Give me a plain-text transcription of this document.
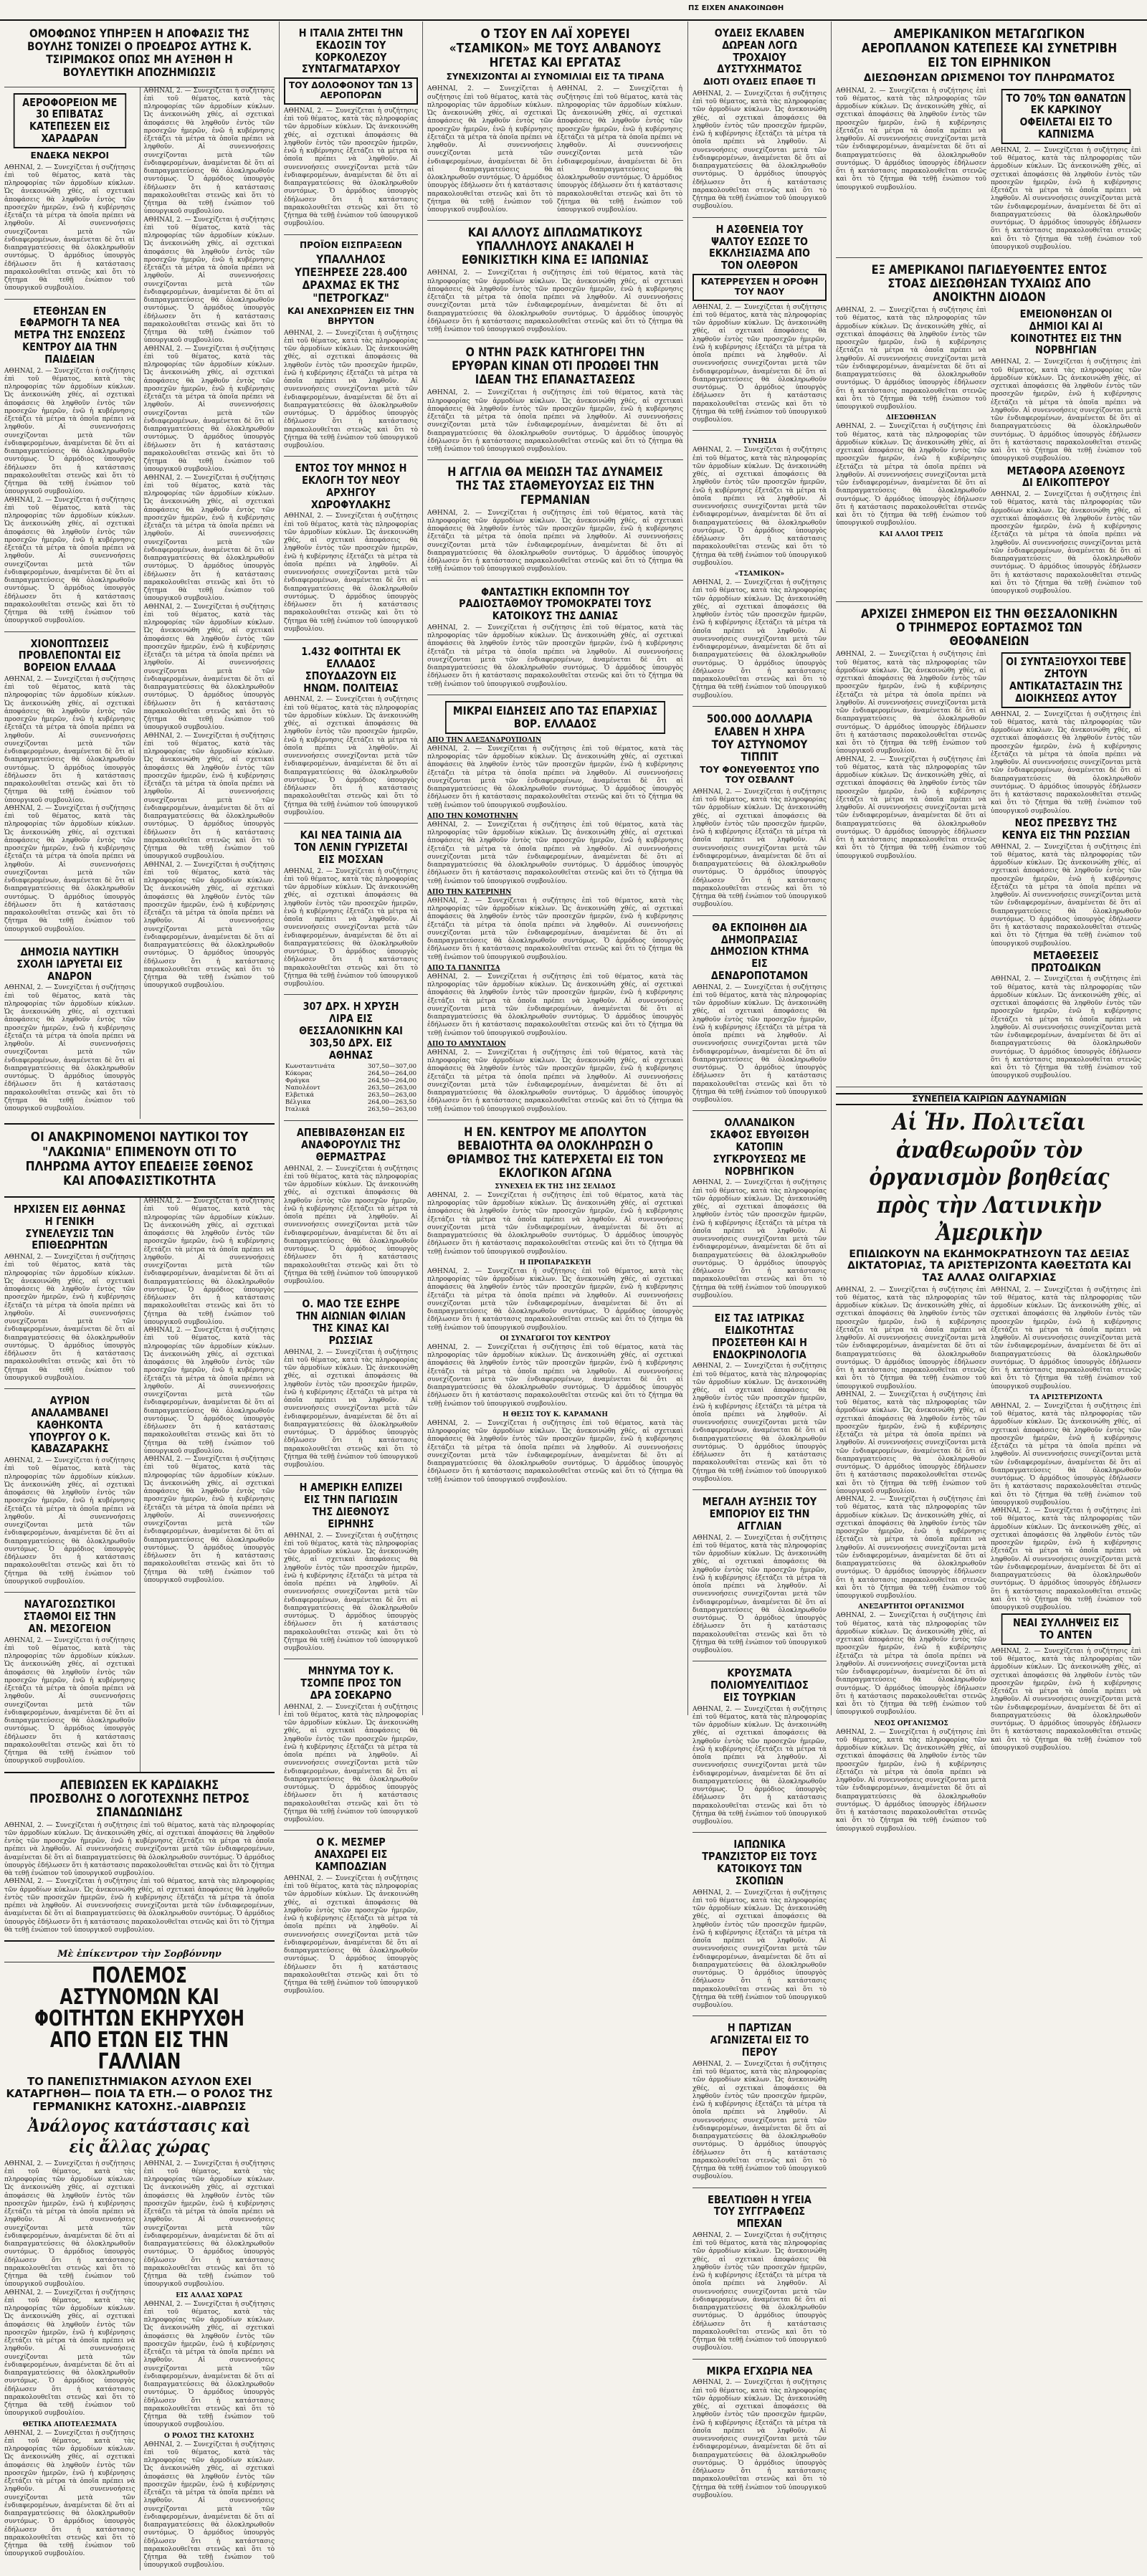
ΠΣ ΕΙΧΕΝ ΑΝΑΚΟΙΝΩΘΗ
ΟΜΟΦΩΝΟΣ ΥΠΗΡΞΕΝ Η ΑΠΟΦΑΣΙΣ ΤΗΣ ΒΟΥΛΗΣ ΤΟΝΙΖΕΙ Ο ΠΡΟΕΔΡΟΣ ΑΥΤΗΣ Κ. ΤΣΙΡΙΜΩΚΟΣ ΟΠΩΣ ΜΗ ΑΥΞΗΘΗ Η ΒΟΥΛΕΥΤΙΚΗ ΑΠΟΖΗΜΙΩΣΙΣ
ΑΕΡΟΦΟΡΕΙΟΝ ΜΕ 30 ΕΠΙΒΑΤΑΣ ΚΑΤΕΠΕΣΕΝ ΕΙΣ ΧΑΡΑΔΡΑΝ
ΕΝΔΕΚΑ ΝΕΚΡΟΙ

ΑΘΗΝΑΙ, 2. — Συνεχίζεται ἡ συζήτησις ἐπὶ τοῦ θέματος, κατὰ τὰς πληροφορίας τῶν ἁρμοδίων κύκλων. Ὡς ἀνεκοινώθη χθές, αἱ σχετικαὶ ἀποφάσεις θὰ ληφθοῦν ἐντὸς τῶν προσεχῶν ἡμερῶν, ἐνῶ ἡ κυβέρνησις ἐξετάζει τὰ μέτρα τὰ ὁποῖα πρέπει νὰ ληφθοῦν. Αἱ συνεννοήσεις συνεχίζονται μετὰ τῶν ἐνδιαφερομένων, ἀναμένεται δὲ ὅτι αἱ διαπραγματεύσεις θὰ ὁλοκληρωθοῦν συντόμως. Ὁ ἁρμόδιος ὑπουργὸς ἐδήλωσεν ὅτι ἡ κατάστασις παρακολουθεῖται στενῶς καὶ ὅτι τὸ ζήτημα θὰ τεθῇ ἐνώπιον τοῦ ὑπουργικοῦ συμβουλίου.

ΕΤΕΘΗΣΑΝ ΕΝ ΕΦΑΡΜΟΓΗ ΤΑ ΝΕΑ ΜΕΤΡΑ ΤΗΣ ΕΝΩΣΕΩΣ ΚΕΝΤΡΟΥ ΔΙΑ ΤΗΝ ΠΑΙΔΕΙΑΝ

ΑΘΗΝΑΙ, 2. — Συνεχίζεται ἡ συζήτησις ἐπὶ τοῦ θέματος, κατὰ τὰς πληροφορίας τῶν ἁρμοδίων κύκλων. Ὡς ἀνεκοινώθη χθές, αἱ σχετικαὶ ἀποφάσεις θὰ ληφθοῦν ἐντὸς τῶν προσεχῶν ἡμερῶν, ἐνῶ ἡ κυβέρνησις ἐξετάζει τὰ μέτρα τὰ ὁποῖα πρέπει νὰ ληφθοῦν. Αἱ συνεννοήσεις συνεχίζονται μετὰ τῶν ἐνδιαφερομένων, ἀναμένεται δὲ ὅτι αἱ διαπραγματεύσεις θὰ ὁλοκληρωθοῦν συντόμως. Ὁ ἁρμόδιος ὑπουργὸς ἐδήλωσεν ὅτι ἡ κατάστασις παρακολουθεῖται στενῶς καὶ ὅτι τὸ ζήτημα θὰ τεθῇ ἐνώπιον τοῦ ὑπουργικοῦ συμβουλίου.

ΑΘΗΝΑΙ, 2. — Συνεχίζεται ἡ συζήτησις ἐπὶ τοῦ θέματος, κατὰ τὰς πληροφορίας τῶν ἁρμοδίων κύκλων. Ὡς ἀνεκοινώθη χθές, αἱ σχετικαὶ ἀποφάσεις θὰ ληφθοῦν ἐντὸς τῶν προσεχῶν ἡμερῶν, ἐνῶ ἡ κυβέρνησις ἐξετάζει τὰ μέτρα τὰ ὁποῖα πρέπει νὰ ληφθοῦν. Αἱ συνεννοήσεις συνεχίζονται μετὰ τῶν ἐνδιαφερομένων, ἀναμένεται δὲ ὅτι αἱ διαπραγματεύσεις θὰ ὁλοκληρωθοῦν συντόμως. Ὁ ἁρμόδιος ὑπουργὸς ἐδήλωσεν ὅτι ἡ κατάστασις παρακολουθεῖται στενῶς καὶ ὅτι τὸ ζήτημα θὰ τεθῇ ἐνώπιον τοῦ ὑπουργικοῦ συμβουλίου.

ΧΙΟΝΟΠΤΩΣΕΙΣ ΠΡΟΒΛΕΠΟΝΤΑΙ ΕΙΣ ΒΟΡΕΙΟΝ ΕΛΛΑΔΑ

ΑΘΗΝΑΙ, 2. — Συνεχίζεται ἡ συζήτησις ἐπὶ τοῦ θέματος, κατὰ τὰς πληροφορίας τῶν ἁρμοδίων κύκλων. Ὡς ἀνεκοινώθη χθές, αἱ σχετικαὶ ἀποφάσεις θὰ ληφθοῦν ἐντὸς τῶν προσεχῶν ἡμερῶν, ἐνῶ ἡ κυβέρνησις ἐξετάζει τὰ μέτρα τὰ ὁποῖα πρέπει νὰ ληφθοῦν. Αἱ συνεννοήσεις συνεχίζονται μετὰ τῶν ἐνδιαφερομένων, ἀναμένεται δὲ ὅτι αἱ διαπραγματεύσεις θὰ ὁλοκληρωθοῦν συντόμως. Ὁ ἁρμόδιος ὑπουργὸς ἐδήλωσεν ὅτι ἡ κατάστασις παρακολουθεῖται στενῶς καὶ ὅτι τὸ ζήτημα θὰ τεθῇ ἐνώπιον τοῦ ὑπουργικοῦ συμβουλίου.

ΑΘΗΝΑΙ, 2. — Συνεχίζεται ἡ συζήτησις ἐπὶ τοῦ θέματος, κατὰ τὰς πληροφορίας τῶν ἁρμοδίων κύκλων. Ὡς ἀνεκοινώθη χθές, αἱ σχετικαὶ ἀποφάσεις θὰ ληφθοῦν ἐντὸς τῶν προσεχῶν ἡμερῶν, ἐνῶ ἡ κυβέρνησις ἐξετάζει τὰ μέτρα τὰ ὁποῖα πρέπει νὰ ληφθοῦν. Αἱ συνεννοήσεις συνεχίζονται μετὰ τῶν ἐνδιαφερομένων, ἀναμένεται δὲ ὅτι αἱ διαπραγματεύσεις θὰ ὁλοκληρωθοῦν συντόμως. Ὁ ἁρμόδιος ὑπουργὸς ἐδήλωσεν ὅτι ἡ κατάστασις παρακολουθεῖται στενῶς καὶ ὅτι τὸ ζήτημα θὰ τεθῇ ἐνώπιον τοῦ ὑπουργικοῦ συμβουλίου.

ΔΗΜΟΣΙΑ ΝΑΥΤΙΚΗ ΣΧΟΛΗ ΙΔΡΥΕΤΑΙ ΕΙΣ ΑΝΔΡΟΝ

ΑΘΗΝΑΙ, 2. — Συνεχίζεται ἡ συζήτησις ἐπὶ τοῦ θέματος, κατὰ τὰς πληροφορίας τῶν ἁρμοδίων κύκλων. Ὡς ἀνεκοινώθη χθές, αἱ σχετικαὶ ἀποφάσεις θὰ ληφθοῦν ἐντὸς τῶν προσεχῶν ἡμερῶν, ἐνῶ ἡ κυβέρνησις ἐξετάζει τὰ μέτρα τὰ ὁποῖα πρέπει νὰ ληφθοῦν. Αἱ συνεννοήσεις συνεχίζονται μετὰ τῶν ἐνδιαφερομένων, ἀναμένεται δὲ ὅτι αἱ διαπραγματεύσεις θὰ ὁλοκληρωθοῦν συντόμως. Ὁ ἁρμόδιος ὑπουργὸς ἐδήλωσεν ὅτι ἡ κατάστασις παρακολουθεῖται στενῶς καὶ ὅτι τὸ ζήτημα θὰ τεθῇ ἐνώπιον τοῦ ὑπουργικοῦ συμβουλίου.

ΑΘΗΝΑΙ, 2. — Συνεχίζεται ἡ συζήτησις ἐπὶ τοῦ θέματος, κατὰ τὰς πληροφορίας τῶν ἁρμοδίων κύκλων. Ὡς ἀνεκοινώθη χθές, αἱ σχετικαὶ ἀποφάσεις θὰ ληφθοῦν ἐντὸς τῶν προσεχῶν ἡμερῶν, ἐνῶ ἡ κυβέρνησις ἐξετάζει τὰ μέτρα τὰ ὁποῖα πρέπει νὰ ληφθοῦν. Αἱ συνεννοήσεις συνεχίζονται μετὰ τῶν ἐνδιαφερομένων, ἀναμένεται δὲ ὅτι αἱ διαπραγματεύσεις θὰ ὁλοκληρωθοῦν συντόμως. Ὁ ἁρμόδιος ὑπουργὸς ἐδήλωσεν ὅτι ἡ κατάστασις παρακολουθεῖται στενῶς καὶ ὅτι τὸ ζήτημα θὰ τεθῇ ἐνώπιον τοῦ ὑπουργικοῦ συμβουλίου.

ΑΘΗΝΑΙ, 2. — Συνεχίζεται ἡ συζήτησις ἐπὶ τοῦ θέματος, κατὰ τὰς πληροφορίας τῶν ἁρμοδίων κύκλων. Ὡς ἀνεκοινώθη χθές, αἱ σχετικαὶ ἀποφάσεις θὰ ληφθοῦν ἐντὸς τῶν προσεχῶν ἡμερῶν, ἐνῶ ἡ κυβέρνησις ἐξετάζει τὰ μέτρα τὰ ὁποῖα πρέπει νὰ ληφθοῦν. Αἱ συνεννοήσεις συνεχίζονται μετὰ τῶν ἐνδιαφερομένων, ἀναμένεται δὲ ὅτι αἱ διαπραγματεύσεις θὰ ὁλοκληρωθοῦν συντόμως. Ὁ ἁρμόδιος ὑπουργὸς ἐδήλωσεν ὅτι ἡ κατάστασις παρακολουθεῖται στενῶς καὶ ὅτι τὸ ζήτημα θὰ τεθῇ ἐνώπιον τοῦ ὑπουργικοῦ συμβουλίου.

ΑΘΗΝΑΙ, 2. — Συνεχίζεται ἡ συζήτησις ἐπὶ τοῦ θέματος, κατὰ τὰς πληροφορίας τῶν ἁρμοδίων κύκλων. Ὡς ἀνεκοινώθη χθές, αἱ σχετικαὶ ἀποφάσεις θὰ ληφθοῦν ἐντὸς τῶν προσεχῶν ἡμερῶν, ἐνῶ ἡ κυβέρνησις ἐξετάζει τὰ μέτρα τὰ ὁποῖα πρέπει νὰ ληφθοῦν. Αἱ συνεννοήσεις συνεχίζονται μετὰ τῶν ἐνδιαφερομένων, ἀναμένεται δὲ ὅτι αἱ διαπραγματεύσεις θὰ ὁλοκληρωθοῦν συντόμως. Ὁ ἁρμόδιος ὑπουργὸς ἐδήλωσεν ὅτι ἡ κατάστασις παρακολουθεῖται στενῶς καὶ ὅτι τὸ ζήτημα θὰ τεθῇ ἐνώπιον τοῦ ὑπουργικοῦ συμβουλίου.

ΑΘΗΝΑΙ, 2. — Συνεχίζεται ἡ συζήτησις ἐπὶ τοῦ θέματος, κατὰ τὰς πληροφορίας τῶν ἁρμοδίων κύκλων. Ὡς ἀνεκοινώθη χθές, αἱ σχετικαὶ ἀποφάσεις θὰ ληφθοῦν ἐντὸς τῶν προσεχῶν ἡμερῶν, ἐνῶ ἡ κυβέρνησις ἐξετάζει τὰ μέτρα τὰ ὁποῖα πρέπει νὰ ληφθοῦν. Αἱ συνεννοήσεις συνεχίζονται μετὰ τῶν ἐνδιαφερομένων, ἀναμένεται δὲ ὅτι αἱ διαπραγματεύσεις θὰ ὁλοκληρωθοῦν συντόμως. Ὁ ἁρμόδιος ὑπουργὸς ἐδήλωσεν ὅτι ἡ κατάστασις παρακολουθεῖται στενῶς καὶ ὅτι τὸ ζήτημα θὰ τεθῇ ἐνώπιον τοῦ ὑπουργικοῦ συμβουλίου.

ΑΘΗΝΑΙ, 2. — Συνεχίζεται ἡ συζήτησις ἐπὶ τοῦ θέματος, κατὰ τὰς πληροφορίας τῶν ἁρμοδίων κύκλων. Ὡς ἀνεκοινώθη χθές, αἱ σχετικαὶ ἀποφάσεις θὰ ληφθοῦν ἐντὸς τῶν προσεχῶν ἡμερῶν, ἐνῶ ἡ κυβέρνησις ἐξετάζει τὰ μέτρα τὰ ὁποῖα πρέπει νὰ ληφθοῦν. Αἱ συνεννοήσεις συνεχίζονται μετὰ τῶν ἐνδιαφερομένων, ἀναμένεται δὲ ὅτι αἱ διαπραγματεύσεις θὰ ὁλοκληρωθοῦν συντόμως. Ὁ ἁρμόδιος ὑπουργὸς ἐδήλωσεν ὅτι ἡ κατάστασις παρακολουθεῖται στενῶς καὶ ὅτι τὸ ζήτημα θὰ τεθῇ ἐνώπιον τοῦ ὑπουργικοῦ συμβουλίου.

ΑΘΗΝΑΙ, 2. — Συνεχίζεται ἡ συζήτησις ἐπὶ τοῦ θέματος, κατὰ τὰς πληροφορίας τῶν ἁρμοδίων κύκλων. Ὡς ἀνεκοινώθη χθές, αἱ σχετικαὶ ἀποφάσεις θὰ ληφθοῦν ἐντὸς τῶν προσεχῶν ἡμερῶν, ἐνῶ ἡ κυβέρνησις ἐξετάζει τὰ μέτρα τὰ ὁποῖα πρέπει νὰ ληφθοῦν. Αἱ συνεννοήσεις συνεχίζονται μετὰ τῶν ἐνδιαφερομένων, ἀναμένεται δὲ ὅτι αἱ διαπραγματεύσεις θὰ ὁλοκληρωθοῦν συντόμως. Ὁ ἁρμόδιος ὑπουργὸς ἐδήλωσεν ὅτι ἡ κατάστασις παρακολουθεῖται στενῶς καὶ ὅτι τὸ ζήτημα θὰ τεθῇ ἐνώπιον τοῦ ὑπουργικοῦ συμβουλίου.

ΑΘΗΝΑΙ, 2. — Συνεχίζεται ἡ συζήτησις ἐπὶ τοῦ θέματος, κατὰ τὰς πληροφορίας τῶν ἁρμοδίων κύκλων. Ὡς ἀνεκοινώθη χθές, αἱ σχετικαὶ ἀποφάσεις θὰ ληφθοῦν ἐντὸς τῶν προσεχῶν ἡμερῶν, ἐνῶ ἡ κυβέρνησις ἐξετάζει τὰ μέτρα τὰ ὁποῖα πρέπει νὰ ληφθοῦν. Αἱ συνεννοήσεις συνεχίζονται μετὰ τῶν ἐνδιαφερομένων, ἀναμένεται δὲ ὅτι αἱ διαπραγματεύσεις θὰ ὁλοκληρωθοῦν συντόμως. Ὁ ἁρμόδιος ὑπουργὸς ἐδήλωσεν ὅτι ἡ κατάστασις παρακολουθεῖται στενῶς καὶ ὅτι τὸ ζήτημα θὰ τεθῇ ἐνώπιον τοῦ ὑπουργικοῦ συμβουλίου.

ΟΙ ΑΝΑΚΡΙΝΟΜΕΝΟΙ ΝΑΥΤΙΚΟΙ ΤΟΥ "ΛΑΚΩΝΙΑ" ΕΠΙΜΕΝΟΥΝ ΟΤΙ ΤΟ ΠΛΗΡΩΜΑ ΑΥΤΟΥ ΕΠΕΔΕΙΞΕ ΣΘΕΝΟΣ ΚΑΙ ΑΠΟΦΑΣΙΣΤΙΚΟΤΗΤΑ
ΗΡΧΙΣΕΝ ΕΙΣ ΑΘΗΝΑΣ Η ΓΕΝΙΚΗ ΣΥΝΕΛΕΥΣΙΣ ΤΩΝ ΕΠΙΘΕΩΡΗΤΩΝ

ΑΘΗΝΑΙ, 2. — Συνεχίζεται ἡ συζήτησις ἐπὶ τοῦ θέματος, κατὰ τὰς πληροφορίας τῶν ἁρμοδίων κύκλων. Ὡς ἀνεκοινώθη χθές, αἱ σχετικαὶ ἀποφάσεις θὰ ληφθοῦν ἐντὸς τῶν προσεχῶν ἡμερῶν, ἐνῶ ἡ κυβέρνησις ἐξετάζει τὰ μέτρα τὰ ὁποῖα πρέπει νὰ ληφθοῦν. Αἱ συνεννοήσεις συνεχίζονται μετὰ τῶν ἐνδιαφερομένων, ἀναμένεται δὲ ὅτι αἱ διαπραγματεύσεις θὰ ὁλοκληρωθοῦν συντόμως. Ὁ ἁρμόδιος ὑπουργὸς ἐδήλωσεν ὅτι ἡ κατάστασις παρακολουθεῖται στενῶς καὶ ὅτι τὸ ζήτημα θὰ τεθῇ ἐνώπιον τοῦ ὑπουργικοῦ συμβουλίου.

ΑΥΡΙΟΝ ΑΝΑΛΑΜΒΑΝΕΙ ΚΑΘΗΚΟΝΤΑ ΥΠΟΥΡΓΟΥ Ο Κ. ΚΑΒΑΖΑΡΑΚΗΣ

ΑΘΗΝΑΙ, 2. — Συνεχίζεται ἡ συζήτησις ἐπὶ τοῦ θέματος, κατὰ τὰς πληροφορίας τῶν ἁρμοδίων κύκλων. Ὡς ἀνεκοινώθη χθές, αἱ σχετικαὶ ἀποφάσεις θὰ ληφθοῦν ἐντὸς τῶν προσεχῶν ἡμερῶν, ἐνῶ ἡ κυβέρνησις ἐξετάζει τὰ μέτρα τὰ ὁποῖα πρέπει νὰ ληφθοῦν. Αἱ συνεννοήσεις συνεχίζονται μετὰ τῶν ἐνδιαφερομένων, ἀναμένεται δὲ ὅτι αἱ διαπραγματεύσεις θὰ ὁλοκληρωθοῦν συντόμως. Ὁ ἁρμόδιος ὑπουργὸς ἐδήλωσεν ὅτι ἡ κατάστασις παρακολουθεῖται στενῶς καὶ ὅτι τὸ ζήτημα θὰ τεθῇ ἐνώπιον τοῦ ὑπουργικοῦ συμβουλίου.

ΝΑΥΑΓΟΣΩΣΤΙΚΟΙ ΣΤΑΘΜΟΙ ΕΙΣ ΤΗΝ ΑΝ. ΜΕΣΟΓΕΙΟΝ

ΑΘΗΝΑΙ, 2. — Συνεχίζεται ἡ συζήτησις ἐπὶ τοῦ θέματος, κατὰ τὰς πληροφορίας τῶν ἁρμοδίων κύκλων. Ὡς ἀνεκοινώθη χθές, αἱ σχετικαὶ ἀποφάσεις θὰ ληφθοῦν ἐντὸς τῶν προσεχῶν ἡμερῶν, ἐνῶ ἡ κυβέρνησις ἐξετάζει τὰ μέτρα τὰ ὁποῖα πρέπει νὰ ληφθοῦν. Αἱ συνεννοήσεις συνεχίζονται μετὰ τῶν ἐνδιαφερομένων, ἀναμένεται δὲ ὅτι αἱ διαπραγματεύσεις θὰ ὁλοκληρωθοῦν συντόμως. Ὁ ἁρμόδιος ὑπουργὸς ἐδήλωσεν ὅτι ἡ κατάστασις παρακολουθεῖται στενῶς καὶ ὅτι τὸ ζήτημα θὰ τεθῇ ἐνώπιον τοῦ ὑπουργικοῦ συμβουλίου.

ΑΘΗΝΑΙ, 2. — Συνεχίζεται ἡ συζήτησις ἐπὶ τοῦ θέματος, κατὰ τὰς πληροφορίας τῶν ἁρμοδίων κύκλων. Ὡς ἀνεκοινώθη χθές, αἱ σχετικαὶ ἀποφάσεις θὰ ληφθοῦν ἐντὸς τῶν προσεχῶν ἡμερῶν, ἐνῶ ἡ κυβέρνησις ἐξετάζει τὰ μέτρα τὰ ὁποῖα πρέπει νὰ ληφθοῦν. Αἱ συνεννοήσεις συνεχίζονται μετὰ τῶν ἐνδιαφερομένων, ἀναμένεται δὲ ὅτι αἱ διαπραγματεύσεις θὰ ὁλοκληρωθοῦν συντόμως. Ὁ ἁρμόδιος ὑπουργὸς ἐδήλωσεν ὅτι ἡ κατάστασις παρακολουθεῖται στενῶς καὶ ὅτι τὸ ζήτημα θὰ τεθῇ ἐνώπιον τοῦ ὑπουργικοῦ συμβουλίου.

ΑΘΗΝΑΙ, 2. — Συνεχίζεται ἡ συζήτησις ἐπὶ τοῦ θέματος, κατὰ τὰς πληροφορίας τῶν ἁρμοδίων κύκλων. Ὡς ἀνεκοινώθη χθές, αἱ σχετικαὶ ἀποφάσεις θὰ ληφθοῦν ἐντὸς τῶν προσεχῶν ἡμερῶν, ἐνῶ ἡ κυβέρνησις ἐξετάζει τὰ μέτρα τὰ ὁποῖα πρέπει νὰ ληφθοῦν. Αἱ συνεννοήσεις συνεχίζονται μετὰ τῶν ἐνδιαφερομένων, ἀναμένεται δὲ ὅτι αἱ διαπραγματεύσεις θὰ ὁλοκληρωθοῦν συντόμως. Ὁ ἁρμόδιος ὑπουργὸς ἐδήλωσεν ὅτι ἡ κατάστασις παρακολουθεῖται στενῶς καὶ ὅτι τὸ ζήτημα θὰ τεθῇ ἐνώπιον τοῦ ὑπουργικοῦ συμβουλίου.

ΑΘΗΝΑΙ, 2. — Συνεχίζεται ἡ συζήτησις ἐπὶ τοῦ θέματος, κατὰ τὰς πληροφορίας τῶν ἁρμοδίων κύκλων. Ὡς ἀνεκοινώθη χθές, αἱ σχετικαὶ ἀποφάσεις θὰ ληφθοῦν ἐντὸς τῶν προσεχῶν ἡμερῶν, ἐνῶ ἡ κυβέρνησις ἐξετάζει τὰ μέτρα τὰ ὁποῖα πρέπει νὰ ληφθοῦν. Αἱ συνεννοήσεις συνεχίζονται μετὰ τῶν ἐνδιαφερομένων, ἀναμένεται δὲ ὅτι αἱ διαπραγματεύσεις θὰ ὁλοκληρωθοῦν συντόμως. Ὁ ἁρμόδιος ὑπουργὸς ἐδήλωσεν ὅτι ἡ κατάστασις παρακολουθεῖται στενῶς καὶ ὅτι τὸ ζήτημα θὰ τεθῇ ἐνώπιον τοῦ ὑπουργικοῦ συμβουλίου.

ΑΠΕΒΙΩΣΕΝ ΕΚ ΚΑΡΔΙΑΚΗΣ ΠΡΟΣΒΟΛΗΣ Ο ΛΟΓΟΤΕΧΝΗΣ ΠΕΤΡΟΣ ΣΠΑΝΔΩΝΙΔΗΣ

ΑΘΗΝΑΙ, 2. — Συνεχίζεται ἡ συζήτησις ἐπὶ τοῦ θέματος, κατὰ τὰς πληροφορίας τῶν ἁρμοδίων κύκλων. Ὡς ἀνεκοινώθη χθές, αἱ σχετικαὶ ἀποφάσεις θὰ ληφθοῦν ἐντὸς τῶν προσεχῶν ἡμερῶν, ἐνῶ ἡ κυβέρνησις ἐξετάζει τὰ μέτρα τὰ ὁποῖα πρέπει νὰ ληφθοῦν. Αἱ συνεννοήσεις συνεχίζονται μετὰ τῶν ἐνδιαφερομένων, ἀναμένεται δὲ ὅτι αἱ διαπραγματεύσεις θὰ ὁλοκληρωθοῦν συντόμως. Ὁ ἁρμόδιος ὑπουργὸς ἐδήλωσεν ὅτι ἡ κατάστασις παρακολουθεῖται στενῶς καὶ ὅτι τὸ ζήτημα θὰ τεθῇ ἐνώπιον τοῦ ὑπουργικοῦ συμβουλίου.

ΑΘΗΝΑΙ, 2. — Συνεχίζεται ἡ συζήτησις ἐπὶ τοῦ θέματος, κατὰ τὰς πληροφορίας τῶν ἁρμοδίων κύκλων. Ὡς ἀνεκοινώθη χθές, αἱ σχετικαὶ ἀποφάσεις θὰ ληφθοῦν ἐντὸς τῶν προσεχῶν ἡμερῶν, ἐνῶ ἡ κυβέρνησις ἐξετάζει τὰ μέτρα τὰ ὁποῖα πρέπει νὰ ληφθοῦν. Αἱ συνεννοήσεις συνεχίζονται μετὰ τῶν ἐνδιαφερομένων, ἀναμένεται δὲ ὅτι αἱ διαπραγματεύσεις θὰ ὁλοκληρωθοῦν συντόμως. Ὁ ἁρμόδιος ὑπουργὸς ἐδήλωσεν ὅτι ἡ κατάστασις παρακολουθεῖται στενῶς καὶ ὅτι τὸ ζήτημα θὰ τεθῇ ἐνώπιον τοῦ ὑπουργικοῦ συμβουλίου.

Μὲ ἐπίκεντρον τὴν Σορβόννην
ΠΟΛΕΜΟΣ ΑΣΤΥΝΟΜΩΝ ΚΑΙ ΦΟΙΤΗΤΩΝ ΕΚΗΡΥΧΘΗ ΑΠΟ ΕΤΩΝ ΕΙΣ ΤΗΝ ΓΑΛΛΙΑΝ
ΤΟ ΠΑΝΕΠΙΣΤΗΜΙΑΚΟΝ ΑΣΥΛΟΝ ΕΧΕΙ ΚΑΤΑΡΓΗΘΗ— ΠΟΙΑ ΤΑ ΕΤΗ.— Ο ΡΟΛΟΣ ΤΗΣ ΓΕΡΜΑΝΙΚΗΣ ΚΑΤΟΧΗΣ.-ΔΙΑΒΡΩΣΙΣ
Ἀνάλογος κατάστασις καὶ εἰς ἄλλας χώρας

ΑΘΗΝΑΙ, 2. — Συνεχίζεται ἡ συζήτησις ἐπὶ τοῦ θέματος, κατὰ τὰς πληροφορίας τῶν ἁρμοδίων κύκλων. Ὡς ἀνεκοινώθη χθές, αἱ σχετικαὶ ἀποφάσεις θὰ ληφθοῦν ἐντὸς τῶν προσεχῶν ἡμερῶν, ἐνῶ ἡ κυβέρνησις ἐξετάζει τὰ μέτρα τὰ ὁποῖα πρέπει νὰ ληφθοῦν. Αἱ συνεννοήσεις συνεχίζονται μετὰ τῶν ἐνδιαφερομένων, ἀναμένεται δὲ ὅτι αἱ διαπραγματεύσεις θὰ ὁλοκληρωθοῦν συντόμως. Ὁ ἁρμόδιος ὑπουργὸς ἐδήλωσεν ὅτι ἡ κατάστασις παρακολουθεῖται στενῶς καὶ ὅτι τὸ ζήτημα θὰ τεθῇ ἐνώπιον τοῦ ὑπουργικοῦ συμβουλίου.

ΑΘΗΝΑΙ, 2. — Συνεχίζεται ἡ συζήτησις ἐπὶ τοῦ θέματος, κατὰ τὰς πληροφορίας τῶν ἁρμοδίων κύκλων. Ὡς ἀνεκοινώθη χθές, αἱ σχετικαὶ ἀποφάσεις θὰ ληφθοῦν ἐντὸς τῶν προσεχῶν ἡμερῶν, ἐνῶ ἡ κυβέρνησις ἐξετάζει τὰ μέτρα τὰ ὁποῖα πρέπει νὰ ληφθοῦν. Αἱ συνεννοήσεις συνεχίζονται μετὰ τῶν ἐνδιαφερομένων, ἀναμένεται δὲ ὅτι αἱ διαπραγματεύσεις θὰ ὁλοκληρωθοῦν συντόμως. Ὁ ἁρμόδιος ὑπουργὸς ἐδήλωσεν ὅτι ἡ κατάστασις παρακολουθεῖται στενῶς καὶ ὅτι τὸ ζήτημα θὰ τεθῇ ἐνώπιον τοῦ ὑπουργικοῦ συμβουλίου.

ΘΕΤΙΚΑ ΑΠΟΤΕΛΕΣΜΑΤΑ

ΑΘΗΝΑΙ, 2. — Συνεχίζεται ἡ συζήτησις ἐπὶ τοῦ θέματος, κατὰ τὰς πληροφορίας τῶν ἁρμοδίων κύκλων. Ὡς ἀνεκοινώθη χθές, αἱ σχετικαὶ ἀποφάσεις θὰ ληφθοῦν ἐντὸς τῶν προσεχῶν ἡμερῶν, ἐνῶ ἡ κυβέρνησις ἐξετάζει τὰ μέτρα τὰ ὁποῖα πρέπει νὰ ληφθοῦν. Αἱ συνεννοήσεις συνεχίζονται μετὰ τῶν ἐνδιαφερομένων, ἀναμένεται δὲ ὅτι αἱ διαπραγματεύσεις θὰ ὁλοκληρωθοῦν συντόμως. Ὁ ἁρμόδιος ὑπουργὸς ἐδήλωσεν ὅτι ἡ κατάστασις παρακολουθεῖται στενῶς καὶ ὅτι τὸ ζήτημα θὰ τεθῇ ἐνώπιον τοῦ ὑπουργικοῦ συμβουλίου.

ΑΘΗΝΑΙ, 2. — Συνεχίζεται ἡ συζήτησις ἐπὶ τοῦ θέματος, κατὰ τὰς πληροφορίας τῶν ἁρμοδίων κύκλων. Ὡς ἀνεκοινώθη χθές, αἱ σχετικαὶ ἀποφάσεις θὰ ληφθοῦν ἐντὸς τῶν προσεχῶν ἡμερῶν, ἐνῶ ἡ κυβέρνησις ἐξετάζει τὰ μέτρα τὰ ὁποῖα πρέπει νὰ ληφθοῦν. Αἱ συνεννοήσεις συνεχίζονται μετὰ τῶν ἐνδιαφερομένων, ἀναμένεται δὲ ὅτι αἱ διαπραγματεύσεις θὰ ὁλοκληρωθοῦν συντόμως. Ὁ ἁρμόδιος ὑπουργὸς ἐδήλωσεν ὅτι ἡ κατάστασις παρακολουθεῖται στενῶς καὶ ὅτι τὸ ζήτημα θὰ τεθῇ ἐνώπιον τοῦ ὑπουργικοῦ συμβουλίου.

ΕΙΣ ΑΛΛΑΣ ΧΩΡΑΣ

ΑΘΗΝΑΙ, 2. — Συνεχίζεται ἡ συζήτησις ἐπὶ τοῦ θέματος, κατὰ τὰς πληροφορίας τῶν ἁρμοδίων κύκλων. Ὡς ἀνεκοινώθη χθές, αἱ σχετικαὶ ἀποφάσεις θὰ ληφθοῦν ἐντὸς τῶν προσεχῶν ἡμερῶν, ἐνῶ ἡ κυβέρνησις ἐξετάζει τὰ μέτρα τὰ ὁποῖα πρέπει νὰ ληφθοῦν. Αἱ συνεννοήσεις συνεχίζονται μετὰ τῶν ἐνδιαφερομένων, ἀναμένεται δὲ ὅτι αἱ διαπραγματεύσεις θὰ ὁλοκληρωθοῦν συντόμως. Ὁ ἁρμόδιος ὑπουργὸς ἐδήλωσεν ὅτι ἡ κατάστασις παρακολουθεῖται στενῶς καὶ ὅτι τὸ ζήτημα θὰ τεθῇ ἐνώπιον τοῦ ὑπουργικοῦ συμβουλίου.

Ο ΡΟΛΟΣ ΤΗΣ ΚΑΤΟΧΗΣ

ΑΘΗΝΑΙ, 2. — Συνεχίζεται ἡ συζήτησις ἐπὶ τοῦ θέματος, κατὰ τὰς πληροφορίας τῶν ἁρμοδίων κύκλων. Ὡς ἀνεκοινώθη χθές, αἱ σχετικαὶ ἀποφάσεις θὰ ληφθοῦν ἐντὸς τῶν προσεχῶν ἡμερῶν, ἐνῶ ἡ κυβέρνησις ἐξετάζει τὰ μέτρα τὰ ὁποῖα πρέπει νὰ ληφθοῦν. Αἱ συνεννοήσεις συνεχίζονται μετὰ τῶν ἐνδιαφερομένων, ἀναμένεται δὲ ὅτι αἱ διαπραγματεύσεις θὰ ὁλοκληρωθοῦν συντόμως. Ὁ ἁρμόδιος ὑπουργὸς ἐδήλωσεν ὅτι ἡ κατάστασις παρακολουθεῖται στενῶς καὶ ὅτι τὸ ζήτημα θὰ τεθῇ ἐνώπιον τοῦ ὑπουργικοῦ συμβουλίου.

Η ΙΤΑΛΙΑ ΖΗΤΕΙ ΤΗΝ ΕΚΔΟΣΙΝ ΤΟΥ ΚΟΡΚΟΛΕΖΟΥ ΣΥΝΤΑΓΜΑΤΑΡΧΟΥ
ΤΟΥ ΔΟΛΟΦΟΝΟΥ ΤΩΝ 13 ΑΕΡΟΠΟΡΩΝ

ΑΘΗΝΑΙ, 2. — Συνεχίζεται ἡ συζήτησις ἐπὶ τοῦ θέματος, κατὰ τὰς πληροφορίας τῶν ἁρμοδίων κύκλων. Ὡς ἀνεκοινώθη χθές, αἱ σχετικαὶ ἀποφάσεις θὰ ληφθοῦν ἐντὸς τῶν προσεχῶν ἡμερῶν, ἐνῶ ἡ κυβέρνησις ἐξετάζει τὰ μέτρα τὰ ὁποῖα πρέπει νὰ ληφθοῦν. Αἱ συνεννοήσεις συνεχίζονται μετὰ τῶν ἐνδιαφερομένων, ἀναμένεται δὲ ὅτι αἱ διαπραγματεύσεις θὰ ὁλοκληρωθοῦν συντόμως. Ὁ ἁρμόδιος ὑπουργὸς ἐδήλωσεν ὅτι ἡ κατάστασις παρακολουθεῖται στενῶς καὶ ὅτι τὸ ζήτημα θὰ τεθῇ ἐνώπιον τοῦ ὑπουργικοῦ συμβουλίου.

ΠΡΟΪΟΝ ΕΙΣΠΡΑΞΕΩΝ
ΥΠΑΛΛΗΛΟΣ ΥΠΕΞΗΡΕΣΕ 228.400 ΔΡΑΧΜΑΣ ΕΚ ΤΗΣ "ΠΕΤΡΟΓΚΑΖ"
ΚΑΙ ΑΝΕΧΩΡΗΣΕΝ ΕΙΣ ΤΗΝ ΒΗΡΥΤΟΝ

ΑΘΗΝΑΙ, 2. — Συνεχίζεται ἡ συζήτησις ἐπὶ τοῦ θέματος, κατὰ τὰς πληροφορίας τῶν ἁρμοδίων κύκλων. Ὡς ἀνεκοινώθη χθές, αἱ σχετικαὶ ἀποφάσεις θὰ ληφθοῦν ἐντὸς τῶν προσεχῶν ἡμερῶν, ἐνῶ ἡ κυβέρνησις ἐξετάζει τὰ μέτρα τὰ ὁποῖα πρέπει νὰ ληφθοῦν. Αἱ συνεννοήσεις συνεχίζονται μετὰ τῶν ἐνδιαφερομένων, ἀναμένεται δὲ ὅτι αἱ διαπραγματεύσεις θὰ ὁλοκληρωθοῦν συντόμως. Ὁ ἁρμόδιος ὑπουργὸς ἐδήλωσεν ὅτι ἡ κατάστασις παρακολουθεῖται στενῶς καὶ ὅτι τὸ ζήτημα θὰ τεθῇ ἐνώπιον τοῦ ὑπουργικοῦ συμβουλίου.

ΕΝΤΟΣ ΤΟΥ ΜΗΝΟΣ Η ΕΚΛΟΓΗ ΤΟΥ ΝΕΟΥ ΑΡΧΗΓΟΥ ΧΩΡΟΦΥΛΑΚΗΣ

ΑΘΗΝΑΙ, 2. — Συνεχίζεται ἡ συζήτησις ἐπὶ τοῦ θέματος, κατὰ τὰς πληροφορίας τῶν ἁρμοδίων κύκλων. Ὡς ἀνεκοινώθη χθές, αἱ σχετικαὶ ἀποφάσεις θὰ ληφθοῦν ἐντὸς τῶν προσεχῶν ἡμερῶν, ἐνῶ ἡ κυβέρνησις ἐξετάζει τὰ μέτρα τὰ ὁποῖα πρέπει νὰ ληφθοῦν. Αἱ συνεννοήσεις συνεχίζονται μετὰ τῶν ἐνδιαφερομένων, ἀναμένεται δὲ ὅτι αἱ διαπραγματεύσεις θὰ ὁλοκληρωθοῦν συντόμως. Ὁ ἁρμόδιος ὑπουργὸς ἐδήλωσεν ὅτι ἡ κατάστασις παρακολουθεῖται στενῶς καὶ ὅτι τὸ ζήτημα θὰ τεθῇ ἐνώπιον τοῦ ὑπουργικοῦ συμβουλίου.

1.432 ΦΟΙΤΗΤΑΙ ΕΚ ΕΛΛΑΔΟΣ ΣΠΟΥΔΑΖΟΥΝ ΕΙΣ ΗΝΩΜ. ΠΟΛΙΤΕΙΑΣ

ΑΘΗΝΑΙ, 2. — Συνεχίζεται ἡ συζήτησις ἐπὶ τοῦ θέματος, κατὰ τὰς πληροφορίας τῶν ἁρμοδίων κύκλων. Ὡς ἀνεκοινώθη χθές, αἱ σχετικαὶ ἀποφάσεις θὰ ληφθοῦν ἐντὸς τῶν προσεχῶν ἡμερῶν, ἐνῶ ἡ κυβέρνησις ἐξετάζει τὰ μέτρα τὰ ὁποῖα πρέπει νὰ ληφθοῦν. Αἱ συνεννοήσεις συνεχίζονται μετὰ τῶν ἐνδιαφερομένων, ἀναμένεται δὲ ὅτι αἱ διαπραγματεύσεις θὰ ὁλοκληρωθοῦν συντόμως. Ὁ ἁρμόδιος ὑπουργὸς ἐδήλωσεν ὅτι ἡ κατάστασις παρακολουθεῖται στενῶς καὶ ὅτι τὸ ζήτημα θὰ τεθῇ ἐνώπιον τοῦ ὑπουργικοῦ συμβουλίου.

ΚΑΙ ΝΕΑ ΤΑΙΝΙΑ ΔΙΑ ΤΟΝ ΛΕΝΙΝ ΓΥΡΙΖΕΤΑΙ ΕΙΣ ΜΟΣΧΑΝ

ΑΘΗΝΑΙ, 2. — Συνεχίζεται ἡ συζήτησις ἐπὶ τοῦ θέματος, κατὰ τὰς πληροφορίας τῶν ἁρμοδίων κύκλων. Ὡς ἀνεκοινώθη χθές, αἱ σχετικαὶ ἀποφάσεις θὰ ληφθοῦν ἐντὸς τῶν προσεχῶν ἡμερῶν, ἐνῶ ἡ κυβέρνησις ἐξετάζει τὰ μέτρα τὰ ὁποῖα πρέπει νὰ ληφθοῦν. Αἱ συνεννοήσεις συνεχίζονται μετὰ τῶν ἐνδιαφερομένων, ἀναμένεται δὲ ὅτι αἱ διαπραγματεύσεις θὰ ὁλοκληρωθοῦν συντόμως. Ὁ ἁρμόδιος ὑπουργὸς ἐδήλωσεν ὅτι ἡ κατάστασις παρακολουθεῖται στενῶς καὶ ὅτι τὸ ζήτημα θὰ τεθῇ ἐνώπιον τοῦ ὑπουργικοῦ συμβουλίου.

307 ΔΡΧ. Η ΧΡΥΣΗ ΛΙΡΑ ΕΙΣ ΘΕΣΣΑΛΟΝΙΚΗΝ ΚΑΙ 303,50 ΔΡΧ. ΕΙΣ ΑΘΗΝΑΣ
Κωνσταντινάτα	307,50—307,00
Κόκορας	264,50—264,00
Φράγκα	264,50—264,00
Ναπολέοντ	263,50—263,00
Ελβετικά	263,50—263,00
Βέλγικα	264,00—263,50
Ιταλικά	263,50—263,00
ΑΠΕΒΙΒΑΣΘΗΣΑΝ ΕΙΣ ΑΝΑΦΟΡΟΥΛΙΣ ΤΗΣ ΘΕΡΜΑΣΤΡΑΣ

ΑΘΗΝΑΙ, 2. — Συνεχίζεται ἡ συζήτησις ἐπὶ τοῦ θέματος, κατὰ τὰς πληροφορίας τῶν ἁρμοδίων κύκλων. Ὡς ἀνεκοινώθη χθές, αἱ σχετικαὶ ἀποφάσεις θὰ ληφθοῦν ἐντὸς τῶν προσεχῶν ἡμερῶν, ἐνῶ ἡ κυβέρνησις ἐξετάζει τὰ μέτρα τὰ ὁποῖα πρέπει νὰ ληφθοῦν. Αἱ συνεννοήσεις συνεχίζονται μετὰ τῶν ἐνδιαφερομένων, ἀναμένεται δὲ ὅτι αἱ διαπραγματεύσεις θὰ ὁλοκληρωθοῦν συντόμως. Ὁ ἁρμόδιος ὑπουργὸς ἐδήλωσεν ὅτι ἡ κατάστασις παρακολουθεῖται στενῶς καὶ ὅτι τὸ ζήτημα θὰ τεθῇ ἐνώπιον τοῦ ὑπουργικοῦ συμβουλίου.

Ο. ΜΑΟ ΤΣΕ ΕΣΗΡΕ ΤΗΝ ΑΙΩΝΙΑΝ ΦΙΛΙΑΝ ΤΗΣ ΚΙΝΑΣ ΚΑΙ ΡΩΣΣΙΑΣ

ΑΘΗΝΑΙ, 2. — Συνεχίζεται ἡ συζήτησις ἐπὶ τοῦ θέματος, κατὰ τὰς πληροφορίας τῶν ἁρμοδίων κύκλων. Ὡς ἀνεκοινώθη χθές, αἱ σχετικαὶ ἀποφάσεις θὰ ληφθοῦν ἐντὸς τῶν προσεχῶν ἡμερῶν, ἐνῶ ἡ κυβέρνησις ἐξετάζει τὰ μέτρα τὰ ὁποῖα πρέπει νὰ ληφθοῦν. Αἱ συνεννοήσεις συνεχίζονται μετὰ τῶν ἐνδιαφερομένων, ἀναμένεται δὲ ὅτι αἱ διαπραγματεύσεις θὰ ὁλοκληρωθοῦν συντόμως. Ὁ ἁρμόδιος ὑπουργὸς ἐδήλωσεν ὅτι ἡ κατάστασις παρακολουθεῖται στενῶς καὶ ὅτι τὸ ζήτημα θὰ τεθῇ ἐνώπιον τοῦ ὑπουργικοῦ συμβουλίου.

Η ΑΜΕΡΙΚΗ ΕΛΠΙΖΕΙ ΕΙΣ ΤΗΝ ΠΑΓΙΩΣΙΝ ΤΗΣ ΔΙΕΘΝΟΥΣ ΕΙΡΗΝΗΣ

ΑΘΗΝΑΙ, 2. — Συνεχίζεται ἡ συζήτησις ἐπὶ τοῦ θέματος, κατὰ τὰς πληροφορίας τῶν ἁρμοδίων κύκλων. Ὡς ἀνεκοινώθη χθές, αἱ σχετικαὶ ἀποφάσεις θὰ ληφθοῦν ἐντὸς τῶν προσεχῶν ἡμερῶν, ἐνῶ ἡ κυβέρνησις ἐξετάζει τὰ μέτρα τὰ ὁποῖα πρέπει νὰ ληφθοῦν. Αἱ συνεννοήσεις συνεχίζονται μετὰ τῶν ἐνδιαφερομένων, ἀναμένεται δὲ ὅτι αἱ διαπραγματεύσεις θὰ ὁλοκληρωθοῦν συντόμως. Ὁ ἁρμόδιος ὑπουργὸς ἐδήλωσεν ὅτι ἡ κατάστασις παρακολουθεῖται στενῶς καὶ ὅτι τὸ ζήτημα θὰ τεθῇ ἐνώπιον τοῦ ὑπουργικοῦ συμβουλίου.

ΜΗΝΥΜΑ ΤΟΥ Κ. ΤΣΟΜΠΕ ΠΡΟΣ ΤΟΝ ΔΡΑ ΣΟΕΚΑΡΝΟ

ΑΘΗΝΑΙ, 2. — Συνεχίζεται ἡ συζήτησις ἐπὶ τοῦ θέματος, κατὰ τὰς πληροφορίας τῶν ἁρμοδίων κύκλων. Ὡς ἀνεκοινώθη χθές, αἱ σχετικαὶ ἀποφάσεις θὰ ληφθοῦν ἐντὸς τῶν προσεχῶν ἡμερῶν, ἐνῶ ἡ κυβέρνησις ἐξετάζει τὰ μέτρα τὰ ὁποῖα πρέπει νὰ ληφθοῦν. Αἱ συνεννοήσεις συνεχίζονται μετὰ τῶν ἐνδιαφερομένων, ἀναμένεται δὲ ὅτι αἱ διαπραγματεύσεις θὰ ὁλοκληρωθοῦν συντόμως. Ὁ ἁρμόδιος ὑπουργὸς ἐδήλωσεν ὅτι ἡ κατάστασις παρακολουθεῖται στενῶς καὶ ὅτι τὸ ζήτημα θὰ τεθῇ ἐνώπιον τοῦ ὑπουργικοῦ συμβουλίου.

Ο Κ. ΜΕΣΜΕΡ ΑΝΑΧΩΡΕΙ ΕΙΣ ΚΑΜΠΟΔΖΙΑΝ

ΑΘΗΝΑΙ, 2. — Συνεχίζεται ἡ συζήτησις ἐπὶ τοῦ θέματος, κατὰ τὰς πληροφορίας τῶν ἁρμοδίων κύκλων. Ὡς ἀνεκοινώθη χθές, αἱ σχετικαὶ ἀποφάσεις θὰ ληφθοῦν ἐντὸς τῶν προσεχῶν ἡμερῶν, ἐνῶ ἡ κυβέρνησις ἐξετάζει τὰ μέτρα τὰ ὁποῖα πρέπει νὰ ληφθοῦν. Αἱ συνεννοήσεις συνεχίζονται μετὰ τῶν ἐνδιαφερομένων, ἀναμένεται δὲ ὅτι αἱ διαπραγματεύσεις θὰ ὁλοκληρωθοῦν συντόμως. Ὁ ἁρμόδιος ὑπουργὸς ἐδήλωσεν ὅτι ἡ κατάστασις παρακολουθεῖται στενῶς καὶ ὅτι τὸ ζήτημα θὰ τεθῇ ἐνώπιον τοῦ ὑπουργικοῦ συμβουλίου.

Ο ΤΣΟΥ ΕΝ ΛΑΪ ΧΟΡΕΥΕΙ «ΤΣΑΜΙΚΟΝ» ΜΕ ΤΟΥΣ ΑΛΒΑΝΟΥΣ ΗΓΕΤΑΣ ΚΑΙ ΕΡΓΑΤΑΣ
ΣΥΝΕΧΙΖΟΝΤΑΙ ΑΙ ΣΥΝΟΜΙΛΙΑΙ ΕΙΣ ΤΑ ΤΙΡΑΝΑ

ΑΘΗΝΑΙ, 2. — Συνεχίζεται ἡ συζήτησις ἐπὶ τοῦ θέματος, κατὰ τὰς πληροφορίας τῶν ἁρμοδίων κύκλων. Ὡς ἀνεκοινώθη χθές, αἱ σχετικαὶ ἀποφάσεις θὰ ληφθοῦν ἐντὸς τῶν προσεχῶν ἡμερῶν, ἐνῶ ἡ κυβέρνησις ἐξετάζει τὰ μέτρα τὰ ὁποῖα πρέπει νὰ ληφθοῦν. Αἱ συνεννοήσεις συνεχίζονται μετὰ τῶν ἐνδιαφερομένων, ἀναμένεται δὲ ὅτι αἱ διαπραγματεύσεις θὰ ὁλοκληρωθοῦν συντόμως. Ὁ ἁρμόδιος ὑπουργὸς ἐδήλωσεν ὅτι ἡ κατάστασις παρακολουθεῖται στενῶς καὶ ὅτι τὸ ζήτημα θὰ τεθῇ ἐνώπιον τοῦ ὑπουργικοῦ συμβουλίου.

ΑΘΗΝΑΙ, 2. — Συνεχίζεται ἡ συζήτησις ἐπὶ τοῦ θέματος, κατὰ τὰς πληροφορίας τῶν ἁρμοδίων κύκλων. Ὡς ἀνεκοινώθη χθές, αἱ σχετικαὶ ἀποφάσεις θὰ ληφθοῦν ἐντὸς τῶν προσεχῶν ἡμερῶν, ἐνῶ ἡ κυβέρνησις ἐξετάζει τὰ μέτρα τὰ ὁποῖα πρέπει νὰ ληφθοῦν. Αἱ συνεννοήσεις συνεχίζονται μετὰ τῶν ἐνδιαφερομένων, ἀναμένεται δὲ ὅτι αἱ διαπραγματεύσεις θὰ ὁλοκληρωθοῦν συντόμως. Ὁ ἁρμόδιος ὑπουργὸς ἐδήλωσεν ὅτι ἡ κατάστασις παρακολουθεῖται στενῶς καὶ ὅτι τὸ ζήτημα θὰ τεθῇ ἐνώπιον τοῦ ὑπουργικοῦ συμβουλίου.

ΚΑΙ ΑΛΛΟΥΣ ΔΙΠΛΩΜΑΤΙΚΟΥΣ ΥΠΑΛΛΗΛΟΥΣ ΑΝΑΚΑΛΕΙ Η ΕΘΝΙΚΙΣΤΙΚΗ ΚΙΝΑ ΕΞ ΙΑΠΩΝΙΑΣ

ΑΘΗΝΑΙ, 2. — Συνεχίζεται ἡ συζήτησις ἐπὶ τοῦ θέματος, κατὰ τὰς πληροφορίας τῶν ἁρμοδίων κύκλων. Ὡς ἀνεκοινώθη χθές, αἱ σχετικαὶ ἀποφάσεις θὰ ληφθοῦν ἐντὸς τῶν προσεχῶν ἡμερῶν, ἐνῶ ἡ κυβέρνησις ἐξετάζει τὰ μέτρα τὰ ὁποῖα πρέπει νὰ ληφθοῦν. Αἱ συνεννοήσεις συνεχίζονται μετὰ τῶν ἐνδιαφερομένων, ἀναμένεται δὲ ὅτι αἱ διαπραγματεύσεις θὰ ὁλοκληρωθοῦν συντόμως. Ὁ ἁρμόδιος ὑπουργὸς ἐδήλωσεν ὅτι ἡ κατάστασις παρακολουθεῖται στενῶς καὶ ὅτι τὸ ζήτημα θὰ τεθῇ ἐνώπιον τοῦ ὑπουργικοῦ συμβουλίου.

Ο ΝΤΗΝ ΡΑΣΚ ΚΑΤΗΓΟΡΕΙ ΤΗΝ ΕΡΥΘΡΑΝ ΚΙΝΑΝ ΟΤΙ ΠΡΟΩΘΕΙ ΤΗΝ ΙΔΕΑΝ ΤΗΣ ΕΠΑΝΑΣΤΑΣΕΩΣ

ΑΘΗΝΑΙ, 2. — Συνεχίζεται ἡ συζήτησις ἐπὶ τοῦ θέματος, κατὰ τὰς πληροφορίας τῶν ἁρμοδίων κύκλων. Ὡς ἀνεκοινώθη χθές, αἱ σχετικαὶ ἀποφάσεις θὰ ληφθοῦν ἐντὸς τῶν προσεχῶν ἡμερῶν, ἐνῶ ἡ κυβέρνησις ἐξετάζει τὰ μέτρα τὰ ὁποῖα πρέπει νὰ ληφθοῦν. Αἱ συνεννοήσεις συνεχίζονται μετὰ τῶν ἐνδιαφερομένων, ἀναμένεται δὲ ὅτι αἱ διαπραγματεύσεις θὰ ὁλοκληρωθοῦν συντόμως. Ὁ ἁρμόδιος ὑπουργὸς ἐδήλωσεν ὅτι ἡ κατάστασις παρακολουθεῖται στενῶς καὶ ὅτι τὸ ζήτημα θὰ τεθῇ ἐνώπιον τοῦ ὑπουργικοῦ συμβουλίου.

Η ΑΓΓΛΙΑ ΘΑ ΜΕΙΩΣΗ ΤΑΣ ΔΥΝΑΜΕΙΣ ΤΗΣ ΤΑΣ ΣΤΑΘΜΕΥΟΥΣΑΣ ΕΙΣ ΤΗΝ ΓΕΡΜΑΝΙΑΝ

ΑΘΗΝΑΙ, 2. — Συνεχίζεται ἡ συζήτησις ἐπὶ τοῦ θέματος, κατὰ τὰς πληροφορίας τῶν ἁρμοδίων κύκλων. Ὡς ἀνεκοινώθη χθές, αἱ σχετικαὶ ἀποφάσεις θὰ ληφθοῦν ἐντὸς τῶν προσεχῶν ἡμερῶν, ἐνῶ ἡ κυβέρνησις ἐξετάζει τὰ μέτρα τὰ ὁποῖα πρέπει νὰ ληφθοῦν. Αἱ συνεννοήσεις συνεχίζονται μετὰ τῶν ἐνδιαφερομένων, ἀναμένεται δὲ ὅτι αἱ διαπραγματεύσεις θὰ ὁλοκληρωθοῦν συντόμως. Ὁ ἁρμόδιος ὑπουργὸς ἐδήλωσεν ὅτι ἡ κατάστασις παρακολουθεῖται στενῶς καὶ ὅτι τὸ ζήτημα θὰ τεθῇ ἐνώπιον τοῦ ὑπουργικοῦ συμβουλίου.

ΦΑΝΤΑΣΤΙΚΗ ΕΚΠΟΜΠΗ ΤΟΥ ΡΑΔΙΟΣΤΑΘΜΟΥ ΤΡΟΜΟΚΡΑΤΕΙ ΤΟΥΣ ΚΑΤΟΙΚΟΥΣ ΤΗΣ ΔΑΝΙΑΣ

ΑΘΗΝΑΙ, 2. — Συνεχίζεται ἡ συζήτησις ἐπὶ τοῦ θέματος, κατὰ τὰς πληροφορίας τῶν ἁρμοδίων κύκλων. Ὡς ἀνεκοινώθη χθές, αἱ σχετικαὶ ἀποφάσεις θὰ ληφθοῦν ἐντὸς τῶν προσεχῶν ἡμερῶν, ἐνῶ ἡ κυβέρνησις ἐξετάζει τὰ μέτρα τὰ ὁποῖα πρέπει νὰ ληφθοῦν. Αἱ συνεννοήσεις συνεχίζονται μετὰ τῶν ἐνδιαφερομένων, ἀναμένεται δὲ ὅτι αἱ διαπραγματεύσεις θὰ ὁλοκληρωθοῦν συντόμως. Ὁ ἁρμόδιος ὑπουργὸς ἐδήλωσεν ὅτι ἡ κατάστασις παρακολουθεῖται στενῶς καὶ ὅτι τὸ ζήτημα θὰ τεθῇ ἐνώπιον τοῦ ὑπουργικοῦ συμβουλίου.

ΜΙΚΡΑΙ ΕΙΔΗΣΕΙΣ ΑΠΟ ΤΑΣ ΕΠΑΡΧΙΑΣ ΒΟΡ. ΕΛΛΑΔΟΣ
ΑΠΟ ΤΗΝ ΑΛΕΞΑΝΔΡΟΥΠΟΛΙΝ

ΑΘΗΝΑΙ, 2. — Συνεχίζεται ἡ συζήτησις ἐπὶ τοῦ θέματος, κατὰ τὰς πληροφορίας τῶν ἁρμοδίων κύκλων. Ὡς ἀνεκοινώθη χθές, αἱ σχετικαὶ ἀποφάσεις θὰ ληφθοῦν ἐντὸς τῶν προσεχῶν ἡμερῶν, ἐνῶ ἡ κυβέρνησις ἐξετάζει τὰ μέτρα τὰ ὁποῖα πρέπει νὰ ληφθοῦν. Αἱ συνεννοήσεις συνεχίζονται μετὰ τῶν ἐνδιαφερομένων, ἀναμένεται δὲ ὅτι αἱ διαπραγματεύσεις θὰ ὁλοκληρωθοῦν συντόμως. Ὁ ἁρμόδιος ὑπουργὸς ἐδήλωσεν ὅτι ἡ κατάστασις παρακολουθεῖται στενῶς καὶ ὅτι τὸ ζήτημα θὰ τεθῇ ἐνώπιον τοῦ ὑπουργικοῦ συμβουλίου.

ΑΠΟ ΤΗΝ ΚΟΜΟΤΗΝΗΝ

ΑΘΗΝΑΙ, 2. — Συνεχίζεται ἡ συζήτησις ἐπὶ τοῦ θέματος, κατὰ τὰς πληροφορίας τῶν ἁρμοδίων κύκλων. Ὡς ἀνεκοινώθη χθές, αἱ σχετικαὶ ἀποφάσεις θὰ ληφθοῦν ἐντὸς τῶν προσεχῶν ἡμερῶν, ἐνῶ ἡ κυβέρνησις ἐξετάζει τὰ μέτρα τὰ ὁποῖα πρέπει νὰ ληφθοῦν. Αἱ συνεννοήσεις συνεχίζονται μετὰ τῶν ἐνδιαφερομένων, ἀναμένεται δὲ ὅτι αἱ διαπραγματεύσεις θὰ ὁλοκληρωθοῦν συντόμως. Ὁ ἁρμόδιος ὑπουργὸς ἐδήλωσεν ὅτι ἡ κατάστασις παρακολουθεῖται στενῶς καὶ ὅτι τὸ ζήτημα θὰ τεθῇ ἐνώπιον τοῦ ὑπουργικοῦ συμβουλίου.

ΑΠΟ ΤΗΝ ΚΑΤΕΡΙΝΗΝ

ΑΘΗΝΑΙ, 2. — Συνεχίζεται ἡ συζήτησις ἐπὶ τοῦ θέματος, κατὰ τὰς πληροφορίας τῶν ἁρμοδίων κύκλων. Ὡς ἀνεκοινώθη χθές, αἱ σχετικαὶ ἀποφάσεις θὰ ληφθοῦν ἐντὸς τῶν προσεχῶν ἡμερῶν, ἐνῶ ἡ κυβέρνησις ἐξετάζει τὰ μέτρα τὰ ὁποῖα πρέπει νὰ ληφθοῦν. Αἱ συνεννοήσεις συνεχίζονται μετὰ τῶν ἐνδιαφερομένων, ἀναμένεται δὲ ὅτι αἱ διαπραγματεύσεις θὰ ὁλοκληρωθοῦν συντόμως. Ὁ ἁρμόδιος ὑπουργὸς ἐδήλωσεν ὅτι ἡ κατάστασις παρακολουθεῖται στενῶς καὶ ὅτι τὸ ζήτημα θὰ τεθῇ ἐνώπιον τοῦ ὑπουργικοῦ συμβουλίου.

ΑΠΟ ΤΑ ΓΙΑΝΝΙΤΣΑ

ΑΘΗΝΑΙ, 2. — Συνεχίζεται ἡ συζήτησις ἐπὶ τοῦ θέματος, κατὰ τὰς πληροφορίας τῶν ἁρμοδίων κύκλων. Ὡς ἀνεκοινώθη χθές, αἱ σχετικαὶ ἀποφάσεις θὰ ληφθοῦν ἐντὸς τῶν προσεχῶν ἡμερῶν, ἐνῶ ἡ κυβέρνησις ἐξετάζει τὰ μέτρα τὰ ὁποῖα πρέπει νὰ ληφθοῦν. Αἱ συνεννοήσεις συνεχίζονται μετὰ τῶν ἐνδιαφερομένων, ἀναμένεται δὲ ὅτι αἱ διαπραγματεύσεις θὰ ὁλοκληρωθοῦν συντόμως. Ὁ ἁρμόδιος ὑπουργὸς ἐδήλωσεν ὅτι ἡ κατάστασις παρακολουθεῖται στενῶς καὶ ὅτι τὸ ζήτημα θὰ τεθῇ ἐνώπιον τοῦ ὑπουργικοῦ συμβουλίου.

ΑΠΟ ΤΟ ΑΜΥΝΤΑΙΟΝ

ΑΘΗΝΑΙ, 2. — Συνεχίζεται ἡ συζήτησις ἐπὶ τοῦ θέματος, κατὰ τὰς πληροφορίας τῶν ἁρμοδίων κύκλων. Ὡς ἀνεκοινώθη χθές, αἱ σχετικαὶ ἀποφάσεις θὰ ληφθοῦν ἐντὸς τῶν προσεχῶν ἡμερῶν, ἐνῶ ἡ κυβέρνησις ἐξετάζει τὰ μέτρα τὰ ὁποῖα πρέπει νὰ ληφθοῦν. Αἱ συνεννοήσεις συνεχίζονται μετὰ τῶν ἐνδιαφερομένων, ἀναμένεται δὲ ὅτι αἱ διαπραγματεύσεις θὰ ὁλοκληρωθοῦν συντόμως. Ὁ ἁρμόδιος ὑπουργὸς ἐδήλωσεν ὅτι ἡ κατάστασις παρακολουθεῖται στενῶς καὶ ὅτι τὸ ζήτημα θὰ τεθῇ ἐνώπιον τοῦ ὑπουργικοῦ συμβουλίου.

Η ΕΝ. ΚΕΝΤΡΟΥ ΜΕ ΑΠΟΛΥΤΟΝ ΒΕΒΑΙΟΤΗΤΑ ΘΑ ΟΛΟΚΛΗΡΩΣΗ Ο ΘΡΙΑΜΒΟΣ ΤΗΣ ΚΑΤΕΡΧΕΤΑΙ ΕΙΣ ΤΟΝ ΕΚΛΟΓΙΚΟΝ ΑΓΩΝΑ
ΣΥΝΕΧΕΙΑ ΕΚ ΤΗΣ 1ΗΣ ΣΕΛΙΔΟΣ

ΑΘΗΝΑΙ, 2. — Συνεχίζεται ἡ συζήτησις ἐπὶ τοῦ θέματος, κατὰ τὰς πληροφορίας τῶν ἁρμοδίων κύκλων. Ὡς ἀνεκοινώθη χθές, αἱ σχετικαὶ ἀποφάσεις θὰ ληφθοῦν ἐντὸς τῶν προσεχῶν ἡμερῶν, ἐνῶ ἡ κυβέρνησις ἐξετάζει τὰ μέτρα τὰ ὁποῖα πρέπει νὰ ληφθοῦν. Αἱ συνεννοήσεις συνεχίζονται μετὰ τῶν ἐνδιαφερομένων, ἀναμένεται δὲ ὅτι αἱ διαπραγματεύσεις θὰ ὁλοκληρωθοῦν συντόμως. Ὁ ἁρμόδιος ὑπουργὸς ἐδήλωσεν ὅτι ἡ κατάστασις παρακολουθεῖται στενῶς καὶ ὅτι τὸ ζήτημα θὰ τεθῇ ἐνώπιον τοῦ ὑπουργικοῦ συμβουλίου.

Η ΠΡΟΠΑΡΑΣΚΕΥΗ

ΑΘΗΝΑΙ, 2. — Συνεχίζεται ἡ συζήτησις ἐπὶ τοῦ θέματος, κατὰ τὰς πληροφορίας τῶν ἁρμοδίων κύκλων. Ὡς ἀνεκοινώθη χθές, αἱ σχετικαὶ ἀποφάσεις θὰ ληφθοῦν ἐντὸς τῶν προσεχῶν ἡμερῶν, ἐνῶ ἡ κυβέρνησις ἐξετάζει τὰ μέτρα τὰ ὁποῖα πρέπει νὰ ληφθοῦν. Αἱ συνεννοήσεις συνεχίζονται μετὰ τῶν ἐνδιαφερομένων, ἀναμένεται δὲ ὅτι αἱ διαπραγματεύσεις θὰ ὁλοκληρωθοῦν συντόμως. Ὁ ἁρμόδιος ὑπουργὸς ἐδήλωσεν ὅτι ἡ κατάστασις παρακολουθεῖται στενῶς καὶ ὅτι τὸ ζήτημα θὰ τεθῇ ἐνώπιον τοῦ ὑπουργικοῦ συμβουλίου.

ΟΙ ΣΥΝΑΓΩΓΟΙ ΤΟΥ ΚΕΝΤΡΟΥ

ΑΘΗΝΑΙ, 2. — Συνεχίζεται ἡ συζήτησις ἐπὶ τοῦ θέματος, κατὰ τὰς πληροφορίας τῶν ἁρμοδίων κύκλων. Ὡς ἀνεκοινώθη χθές, αἱ σχετικαὶ ἀποφάσεις θὰ ληφθοῦν ἐντὸς τῶν προσεχῶν ἡμερῶν, ἐνῶ ἡ κυβέρνησις ἐξετάζει τὰ μέτρα τὰ ὁποῖα πρέπει νὰ ληφθοῦν. Αἱ συνεννοήσεις συνεχίζονται μετὰ τῶν ἐνδιαφερομένων, ἀναμένεται δὲ ὅτι αἱ διαπραγματεύσεις θὰ ὁλοκληρωθοῦν συντόμως. Ὁ ἁρμόδιος ὑπουργὸς ἐδήλωσεν ὅτι ἡ κατάστασις παρακολουθεῖται στενῶς καὶ ὅτι τὸ ζήτημα θὰ τεθῇ ἐνώπιον τοῦ ὑπουργικοῦ συμβουλίου.

Η ΘΕΣΙΣ ΤΟΥ Κ. ΚΑΡΑΜΑΝΗ

ΑΘΗΝΑΙ, 2. — Συνεχίζεται ἡ συζήτησις ἐπὶ τοῦ θέματος, κατὰ τὰς πληροφορίας τῶν ἁρμοδίων κύκλων. Ὡς ἀνεκοινώθη χθές, αἱ σχετικαὶ ἀποφάσεις θὰ ληφθοῦν ἐντὸς τῶν προσεχῶν ἡμερῶν, ἐνῶ ἡ κυβέρνησις ἐξετάζει τὰ μέτρα τὰ ὁποῖα πρέπει νὰ ληφθοῦν. Αἱ συνεννοήσεις συνεχίζονται μετὰ τῶν ἐνδιαφερομένων, ἀναμένεται δὲ ὅτι αἱ διαπραγματεύσεις θὰ ὁλοκληρωθοῦν συντόμως. Ὁ ἁρμόδιος ὑπουργὸς ἐδήλωσεν ὅτι ἡ κατάστασις παρακολουθεῖται στενῶς καὶ ὅτι τὸ ζήτημα θὰ τεθῇ ἐνώπιον τοῦ ὑπουργικοῦ συμβουλίου.

ΟΥΔΕΙΣ ΕΚΛΑΒΕΝ ΔΩΡΕΑΝ ΛΟΓΩ ΤΡΟΧΑΙΟΥ ΔΥΣΤΥΧΗΜΑΤΟΣ
ΔΙΟΤΙ ΟΥΔΕΙΣ ΕΠΑΘΕ ΤΙ

ΑΘΗΝΑΙ, 2. — Συνεχίζεται ἡ συζήτησις ἐπὶ τοῦ θέματος, κατὰ τὰς πληροφορίας τῶν ἁρμοδίων κύκλων. Ὡς ἀνεκοινώθη χθές, αἱ σχετικαὶ ἀποφάσεις θὰ ληφθοῦν ἐντὸς τῶν προσεχῶν ἡμερῶν, ἐνῶ ἡ κυβέρνησις ἐξετάζει τὰ μέτρα τὰ ὁποῖα πρέπει νὰ ληφθοῦν. Αἱ συνεννοήσεις συνεχίζονται μετὰ τῶν ἐνδιαφερομένων, ἀναμένεται δὲ ὅτι αἱ διαπραγματεύσεις θὰ ὁλοκληρωθοῦν συντόμως. Ὁ ἁρμόδιος ὑπουργὸς ἐδήλωσεν ὅτι ἡ κατάστασις παρακολουθεῖται στενῶς καὶ ὅτι τὸ ζήτημα θὰ τεθῇ ἐνώπιον τοῦ ὑπουργικοῦ συμβουλίου.

Η ΑΣΘΕΝΕΙΑ ΤΟΥ ΨΑΛΤΟΥ ΕΣΩΣΕ ΤΟ ΕΚΚΛΗΣΙΑΣΜΑ ΑΠΟ ΤΟΝ ΟΛΕΘΡΟΝ
ΚΑΤΕΡΡΕΥΣΕΝ Η ΟΡΟΦΗ ΤΟΥ ΝΑΟΥ

ΑΘΗΝΑΙ, 2. — Συνεχίζεται ἡ συζήτησις ἐπὶ τοῦ θέματος, κατὰ τὰς πληροφορίας τῶν ἁρμοδίων κύκλων. Ὡς ἀνεκοινώθη χθές, αἱ σχετικαὶ ἀποφάσεις θὰ ληφθοῦν ἐντὸς τῶν προσεχῶν ἡμερῶν, ἐνῶ ἡ κυβέρνησις ἐξετάζει τὰ μέτρα τὰ ὁποῖα πρέπει νὰ ληφθοῦν. Αἱ συνεννοήσεις συνεχίζονται μετὰ τῶν ἐνδιαφερομένων, ἀναμένεται δὲ ὅτι αἱ διαπραγματεύσεις θὰ ὁλοκληρωθοῦν συντόμως. Ὁ ἁρμόδιος ὑπουργὸς ἐδήλωσεν ὅτι ἡ κατάστασις παρακολουθεῖται στενῶς καὶ ὅτι τὸ ζήτημα θὰ τεθῇ ἐνώπιον τοῦ ὑπουργικοῦ συμβουλίου.

ΤΥΝΗΣΙΑ

ΑΘΗΝΑΙ, 2. — Συνεχίζεται ἡ συζήτησις ἐπὶ τοῦ θέματος, κατὰ τὰς πληροφορίας τῶν ἁρμοδίων κύκλων. Ὡς ἀνεκοινώθη χθές, αἱ σχετικαὶ ἀποφάσεις θὰ ληφθοῦν ἐντὸς τῶν προσεχῶν ἡμερῶν, ἐνῶ ἡ κυβέρνησις ἐξετάζει τὰ μέτρα τὰ ὁποῖα πρέπει νὰ ληφθοῦν. Αἱ συνεννοήσεις συνεχίζονται μετὰ τῶν ἐνδιαφερομένων, ἀναμένεται δὲ ὅτι αἱ διαπραγματεύσεις θὰ ὁλοκληρωθοῦν συντόμως. Ὁ ἁρμόδιος ὑπουργὸς ἐδήλωσεν ὅτι ἡ κατάστασις παρακολουθεῖται στενῶς καὶ ὅτι τὸ ζήτημα θὰ τεθῇ ἐνώπιον τοῦ ὑπουργικοῦ συμβουλίου.

«ΤΣΑΜΙΚΟΝ»

ΑΘΗΝΑΙ, 2. — Συνεχίζεται ἡ συζήτησις ἐπὶ τοῦ θέματος, κατὰ τὰς πληροφορίας τῶν ἁρμοδίων κύκλων. Ὡς ἀνεκοινώθη χθές, αἱ σχετικαὶ ἀποφάσεις θὰ ληφθοῦν ἐντὸς τῶν προσεχῶν ἡμερῶν, ἐνῶ ἡ κυβέρνησις ἐξετάζει τὰ μέτρα τὰ ὁποῖα πρέπει νὰ ληφθοῦν. Αἱ συνεννοήσεις συνεχίζονται μετὰ τῶν ἐνδιαφερομένων, ἀναμένεται δὲ ὅτι αἱ διαπραγματεύσεις θὰ ὁλοκληρωθοῦν συντόμως. Ὁ ἁρμόδιος ὑπουργὸς ἐδήλωσεν ὅτι ἡ κατάστασις παρακολουθεῖται στενῶς καὶ ὅτι τὸ ζήτημα θὰ τεθῇ ἐνώπιον τοῦ ὑπουργικοῦ συμβουλίου.

500.000 ΔΟΛΛΑΡΙΑ ΕΛΑΒΕΝ Η ΧΗΡΑ ΤΟΥ ΑΣΤΥΝΟΜΟΥ ΤΙΠΠΙΤ
ΤΟΥ ΦΟΝΕΥΘΕΝΤΟΣ ΥΠΟ ΤΟΥ ΟΣΒΑΛΝΤ

ΑΘΗΝΑΙ, 2. — Συνεχίζεται ἡ συζήτησις ἐπὶ τοῦ θέματος, κατὰ τὰς πληροφορίας τῶν ἁρμοδίων κύκλων. Ὡς ἀνεκοινώθη χθές, αἱ σχετικαὶ ἀποφάσεις θὰ ληφθοῦν ἐντὸς τῶν προσεχῶν ἡμερῶν, ἐνῶ ἡ κυβέρνησις ἐξετάζει τὰ μέτρα τὰ ὁποῖα πρέπει νὰ ληφθοῦν. Αἱ συνεννοήσεις συνεχίζονται μετὰ τῶν ἐνδιαφερομένων, ἀναμένεται δὲ ὅτι αἱ διαπραγματεύσεις θὰ ὁλοκληρωθοῦν συντόμως. Ὁ ἁρμόδιος ὑπουργὸς ἐδήλωσεν ὅτι ἡ κατάστασις παρακολουθεῖται στενῶς καὶ ὅτι τὸ ζήτημα θὰ τεθῇ ἐνώπιον τοῦ ὑπουργικοῦ συμβουλίου.

ΘΑ ΕΚΠΟΙΗΘΗ ΔΙΑ ΔΗΜΟΠΡΑΣΙΑΣ ΔΗΜΟΣΙΟΝ ΚΤΗΜΑ ΕΙΣ ΔΕΝΔΡΟΠΟΤΑΜΟΝ

ΑΘΗΝΑΙ, 2. — Συνεχίζεται ἡ συζήτησις ἐπὶ τοῦ θέματος, κατὰ τὰς πληροφορίας τῶν ἁρμοδίων κύκλων. Ὡς ἀνεκοινώθη χθές, αἱ σχετικαὶ ἀποφάσεις θὰ ληφθοῦν ἐντὸς τῶν προσεχῶν ἡμερῶν, ἐνῶ ἡ κυβέρνησις ἐξετάζει τὰ μέτρα τὰ ὁποῖα πρέπει νὰ ληφθοῦν. Αἱ συνεννοήσεις συνεχίζονται μετὰ τῶν ἐνδιαφερομένων, ἀναμένεται δὲ ὅτι αἱ διαπραγματεύσεις θὰ ὁλοκληρωθοῦν συντόμως. Ὁ ἁρμόδιος ὑπουργὸς ἐδήλωσεν ὅτι ἡ κατάστασις παρακολουθεῖται στενῶς καὶ ὅτι τὸ ζήτημα θὰ τεθῇ ἐνώπιον τοῦ ὑπουργικοῦ συμβουλίου.

ΟΛΛΑΝΔΙΚΟΝ ΣΚΑΦΟΣ ΕΒΥΘΙΣΘΗ ΚΑΤΟΠΙΝ ΣΥΓΚΡΟΥΣΕΩΣ ΜΕ ΝΟΡΒΗΓΙΚΟΝ

ΑΘΗΝΑΙ, 2. — Συνεχίζεται ἡ συζήτησις ἐπὶ τοῦ θέματος, κατὰ τὰς πληροφορίας τῶν ἁρμοδίων κύκλων. Ὡς ἀνεκοινώθη χθές, αἱ σχετικαὶ ἀποφάσεις θὰ ληφθοῦν ἐντὸς τῶν προσεχῶν ἡμερῶν, ἐνῶ ἡ κυβέρνησις ἐξετάζει τὰ μέτρα τὰ ὁποῖα πρέπει νὰ ληφθοῦν. Αἱ συνεννοήσεις συνεχίζονται μετὰ τῶν ἐνδιαφερομένων, ἀναμένεται δὲ ὅτι αἱ διαπραγματεύσεις θὰ ὁλοκληρωθοῦν συντόμως. Ὁ ἁρμόδιος ὑπουργὸς ἐδήλωσεν ὅτι ἡ κατάστασις παρακολουθεῖται στενῶς καὶ ὅτι τὸ ζήτημα θὰ τεθῇ ἐνώπιον τοῦ ὑπουργικοῦ συμβουλίου.

ΕΙΣ ΤΑΣ ΙΑΤΡΙΚΑΣ ΕΙΔΙΚΟΤΗΤΑΣ ΠΡΟΣΕΤΕΘΗ ΚΑΙ Η ΕΝΔΟΚΡΙΝΟΛΟΓΙΑ

ΑΘΗΝΑΙ, 2. — Συνεχίζεται ἡ συζήτησις ἐπὶ τοῦ θέματος, κατὰ τὰς πληροφορίας τῶν ἁρμοδίων κύκλων. Ὡς ἀνεκοινώθη χθές, αἱ σχετικαὶ ἀποφάσεις θὰ ληφθοῦν ἐντὸς τῶν προσεχῶν ἡμερῶν, ἐνῶ ἡ κυβέρνησις ἐξετάζει τὰ μέτρα τὰ ὁποῖα πρέπει νὰ ληφθοῦν. Αἱ συνεννοήσεις συνεχίζονται μετὰ τῶν ἐνδιαφερομένων, ἀναμένεται δὲ ὅτι αἱ διαπραγματεύσεις θὰ ὁλοκληρωθοῦν συντόμως. Ὁ ἁρμόδιος ὑπουργὸς ἐδήλωσεν ὅτι ἡ κατάστασις παρακολουθεῖται στενῶς καὶ ὅτι τὸ ζήτημα θὰ τεθῇ ἐνώπιον τοῦ ὑπουργικοῦ συμβουλίου.

ΜΕΓΑΛΗ ΑΥΞΗΣΙΣ ΤΟΥ ΕΜΠΟΡΙΟΥ ΕΙΣ ΤΗΝ ΑΓΓΛΙΑΝ

ΑΘΗΝΑΙ, 2. — Συνεχίζεται ἡ συζήτησις ἐπὶ τοῦ θέματος, κατὰ τὰς πληροφορίας τῶν ἁρμοδίων κύκλων. Ὡς ἀνεκοινώθη χθές, αἱ σχετικαὶ ἀποφάσεις θὰ ληφθοῦν ἐντὸς τῶν προσεχῶν ἡμερῶν, ἐνῶ ἡ κυβέρνησις ἐξετάζει τὰ μέτρα τὰ ὁποῖα πρέπει νὰ ληφθοῦν. Αἱ συνεννοήσεις συνεχίζονται μετὰ τῶν ἐνδιαφερομένων, ἀναμένεται δὲ ὅτι αἱ διαπραγματεύσεις θὰ ὁλοκληρωθοῦν συντόμως. Ὁ ἁρμόδιος ὑπουργὸς ἐδήλωσεν ὅτι ἡ κατάστασις παρακολουθεῖται στενῶς καὶ ὅτι τὸ ζήτημα θὰ τεθῇ ἐνώπιον τοῦ ὑπουργικοῦ συμβουλίου.

ΚΡΟΥΣΜΑΤΑ ΠΟΛΙΟΜΥΕΛΙΤΙΔΟΣ ΕΙΣ ΤΟΥΡΚΙΑΝ

ΑΘΗΝΑΙ, 2. — Συνεχίζεται ἡ συζήτησις ἐπὶ τοῦ θέματος, κατὰ τὰς πληροφορίας τῶν ἁρμοδίων κύκλων. Ὡς ἀνεκοινώθη χθές, αἱ σχετικαὶ ἀποφάσεις θὰ ληφθοῦν ἐντὸς τῶν προσεχῶν ἡμερῶν, ἐνῶ ἡ κυβέρνησις ἐξετάζει τὰ μέτρα τὰ ὁποῖα πρέπει νὰ ληφθοῦν. Αἱ συνεννοήσεις συνεχίζονται μετὰ τῶν ἐνδιαφερομένων, ἀναμένεται δὲ ὅτι αἱ διαπραγματεύσεις θὰ ὁλοκληρωθοῦν συντόμως. Ὁ ἁρμόδιος ὑπουργὸς ἐδήλωσεν ὅτι ἡ κατάστασις παρακολουθεῖται στενῶς καὶ ὅτι τὸ ζήτημα θὰ τεθῇ ἐνώπιον τοῦ ὑπουργικοῦ συμβουλίου.

ΙΑΠΩΝΙΚΑ ΤΡΑΝΖΙΣΤΟΡ ΕΙΣ ΤΟΥΣ ΚΑΤΟΙΚΟΥΣ ΤΩΝ ΣΚΟΠΙΩΝ

ΑΘΗΝΑΙ, 2. — Συνεχίζεται ἡ συζήτησις ἐπὶ τοῦ θέματος, κατὰ τὰς πληροφορίας τῶν ἁρμοδίων κύκλων. Ὡς ἀνεκοινώθη χθές, αἱ σχετικαὶ ἀποφάσεις θὰ ληφθοῦν ἐντὸς τῶν προσεχῶν ἡμερῶν, ἐνῶ ἡ κυβέρνησις ἐξετάζει τὰ μέτρα τὰ ὁποῖα πρέπει νὰ ληφθοῦν. Αἱ συνεννοήσεις συνεχίζονται μετὰ τῶν ἐνδιαφερομένων, ἀναμένεται δὲ ὅτι αἱ διαπραγματεύσεις θὰ ὁλοκληρωθοῦν συντόμως. Ὁ ἁρμόδιος ὑπουργὸς ἐδήλωσεν ὅτι ἡ κατάστασις παρακολουθεῖται στενῶς καὶ ὅτι τὸ ζήτημα θὰ τεθῇ ἐνώπιον τοῦ ὑπουργικοῦ συμβουλίου.

Η ΠΑΡΤΙΖΑΝ ΑΓΩΝΙΖΕΤΑΙ ΕΙΣ ΤΟ ΠΕΡΟΥ

ΑΘΗΝΑΙ, 2. — Συνεχίζεται ἡ συζήτησις ἐπὶ τοῦ θέματος, κατὰ τὰς πληροφορίας τῶν ἁρμοδίων κύκλων. Ὡς ἀνεκοινώθη χθές, αἱ σχετικαὶ ἀποφάσεις θὰ ληφθοῦν ἐντὸς τῶν προσεχῶν ἡμερῶν, ἐνῶ ἡ κυβέρνησις ἐξετάζει τὰ μέτρα τὰ ὁποῖα πρέπει νὰ ληφθοῦν. Αἱ συνεννοήσεις συνεχίζονται μετὰ τῶν ἐνδιαφερομένων, ἀναμένεται δὲ ὅτι αἱ διαπραγματεύσεις θὰ ὁλοκληρωθοῦν συντόμως. Ὁ ἁρμόδιος ὑπουργὸς ἐδήλωσεν ὅτι ἡ κατάστασις παρακολουθεῖται στενῶς καὶ ὅτι τὸ ζήτημα θὰ τεθῇ ἐνώπιον τοῦ ὑπουργικοῦ συμβουλίου.

ΕΒΕΛΤΙΩΘΗ Η ΥΓΕΙΑ ΤΟΥ ΣΥΓΓΡΑΦΕΩΣ ΜΠΕΧΑΝ

ΑΘΗΝΑΙ, 2. — Συνεχίζεται ἡ συζήτησις ἐπὶ τοῦ θέματος, κατὰ τὰς πληροφορίας τῶν ἁρμοδίων κύκλων. Ὡς ἀνεκοινώθη χθές, αἱ σχετικαὶ ἀποφάσεις θὰ ληφθοῦν ἐντὸς τῶν προσεχῶν ἡμερῶν, ἐνῶ ἡ κυβέρνησις ἐξετάζει τὰ μέτρα τὰ ὁποῖα πρέπει νὰ ληφθοῦν. Αἱ συνεννοήσεις συνεχίζονται μετὰ τῶν ἐνδιαφερομένων, ἀναμένεται δὲ ὅτι αἱ διαπραγματεύσεις θὰ ὁλοκληρωθοῦν συντόμως. Ὁ ἁρμόδιος ὑπουργὸς ἐδήλωσεν ὅτι ἡ κατάστασις παρακολουθεῖται στενῶς καὶ ὅτι τὸ ζήτημα θὰ τεθῇ ἐνώπιον τοῦ ὑπουργικοῦ συμβουλίου.

ΜΙΚΡΑ ΕΓΧΩΡΙΑ ΝΕΑ

ΑΘΗΝΑΙ, 2. — Συνεχίζεται ἡ συζήτησις ἐπὶ τοῦ θέματος, κατὰ τὰς πληροφορίας τῶν ἁρμοδίων κύκλων. Ὡς ἀνεκοινώθη χθές, αἱ σχετικαὶ ἀποφάσεις θὰ ληφθοῦν ἐντὸς τῶν προσεχῶν ἡμερῶν, ἐνῶ ἡ κυβέρνησις ἐξετάζει τὰ μέτρα τὰ ὁποῖα πρέπει νὰ ληφθοῦν. Αἱ συνεννοήσεις συνεχίζονται μετὰ τῶν ἐνδιαφερομένων, ἀναμένεται δὲ ὅτι αἱ διαπραγματεύσεις θὰ ὁλοκληρωθοῦν συντόμως. Ὁ ἁρμόδιος ὑπουργὸς ἐδήλωσεν ὅτι ἡ κατάστασις παρακολουθεῖται στενῶς καὶ ὅτι τὸ ζήτημα θὰ τεθῇ ἐνώπιον τοῦ ὑπουργικοῦ συμβουλίου.

ΑΜΕΡΙΚΑΝΙΚΟΝ ΜΕΤΑΓΩΓΙΚΟΝ ΑΕΡΟΠΛΑΝΟΝ ΚΑΤΕΠΕΣΕ ΚΑΙ ΣΥΝΕΤΡΙΒΗ ΕΙΣ ΤΟΝ ΕΙΡΗΝΙΚΟΝ
ΔΙΕΣΩΘΗΣΑΝ ΩΡΙΣΜΕΝΟΙ ΤΟΥ ΠΛΗΡΩΜΑΤΟΣ

ΑΘΗΝΑΙ, 2. — Συνεχίζεται ἡ συζήτησις ἐπὶ τοῦ θέματος, κατὰ τὰς πληροφορίας τῶν ἁρμοδίων κύκλων. Ὡς ἀνεκοινώθη χθές, αἱ σχετικαὶ ἀποφάσεις θὰ ληφθοῦν ἐντὸς τῶν προσεχῶν ἡμερῶν, ἐνῶ ἡ κυβέρνησις ἐξετάζει τὰ μέτρα τὰ ὁποῖα πρέπει νὰ ληφθοῦν. Αἱ συνεννοήσεις συνεχίζονται μετὰ τῶν ἐνδιαφερομένων, ἀναμένεται δὲ ὅτι αἱ διαπραγματεύσεις θὰ ὁλοκληρωθοῦν συντόμως. Ὁ ἁρμόδιος ὑπουργὸς ἐδήλωσεν ὅτι ἡ κατάστασις παρακολουθεῖται στενῶς καὶ ὅτι τὸ ζήτημα θὰ τεθῇ ἐνώπιον τοῦ ὑπουργικοῦ συμβουλίου.

ΤΟ 70% ΤΩΝ ΘΑΝΑΤΩΝ ΕΚ ΚΑΡΚΙΝΟΥ ΟΦΕΙΛΕΤΑΙ ΕΙΣ ΤΟ ΚΑΠΝΙΣΜΑ

ΑΘΗΝΑΙ, 2. — Συνεχίζεται ἡ συζήτησις ἐπὶ τοῦ θέματος, κατὰ τὰς πληροφορίας τῶν ἁρμοδίων κύκλων. Ὡς ἀνεκοινώθη χθές, αἱ σχετικαὶ ἀποφάσεις θὰ ληφθοῦν ἐντὸς τῶν προσεχῶν ἡμερῶν, ἐνῶ ἡ κυβέρνησις ἐξετάζει τὰ μέτρα τὰ ὁποῖα πρέπει νὰ ληφθοῦν. Αἱ συνεννοήσεις συνεχίζονται μετὰ τῶν ἐνδιαφερομένων, ἀναμένεται δὲ ὅτι αἱ διαπραγματεύσεις θὰ ὁλοκληρωθοῦν συντόμως. Ὁ ἁρμόδιος ὑπουργὸς ἐδήλωσεν ὅτι ἡ κατάστασις παρακολουθεῖται στενῶς καὶ ὅτι τὸ ζήτημα θὰ τεθῇ ἐνώπιον τοῦ ὑπουργικοῦ συμβουλίου.

ΕΞ ΑΜΕΡΙΚΑΝΟΙ ΠΑΓΙΔΕΥΘΕΝΤΕΣ ΕΝΤΟΣ ΣΤΟΑΣ ΔΙΕΣΩΘΗΣΑΝ ΤΥΧΑΙΩΣ ΑΠΟ ΑΝΟΙΚΤΗΝ ΔΙΟΔΟΝ

ΑΘΗΝΑΙ, 2. — Συνεχίζεται ἡ συζήτησις ἐπὶ τοῦ θέματος, κατὰ τὰς πληροφορίας τῶν ἁρμοδίων κύκλων. Ὡς ἀνεκοινώθη χθές, αἱ σχετικαὶ ἀποφάσεις θὰ ληφθοῦν ἐντὸς τῶν προσεχῶν ἡμερῶν, ἐνῶ ἡ κυβέρνησις ἐξετάζει τὰ μέτρα τὰ ὁποῖα πρέπει νὰ ληφθοῦν. Αἱ συνεννοήσεις συνεχίζονται μετὰ τῶν ἐνδιαφερομένων, ἀναμένεται δὲ ὅτι αἱ διαπραγματεύσεις θὰ ὁλοκληρωθοῦν συντόμως. Ὁ ἁρμόδιος ὑπουργὸς ἐδήλωσεν ὅτι ἡ κατάστασις παρακολουθεῖται στενῶς καὶ ὅτι τὸ ζήτημα θὰ τεθῇ ἐνώπιον τοῦ ὑπουργικοῦ συμβουλίου.

ΔΙΕΣΩΘΗΣΑΝ

ΑΘΗΝΑΙ, 2. — Συνεχίζεται ἡ συζήτησις ἐπὶ τοῦ θέματος, κατὰ τὰς πληροφορίας τῶν ἁρμοδίων κύκλων. Ὡς ἀνεκοινώθη χθές, αἱ σχετικαὶ ἀποφάσεις θὰ ληφθοῦν ἐντὸς τῶν προσεχῶν ἡμερῶν, ἐνῶ ἡ κυβέρνησις ἐξετάζει τὰ μέτρα τὰ ὁποῖα πρέπει νὰ ληφθοῦν. Αἱ συνεννοήσεις συνεχίζονται μετὰ τῶν ἐνδιαφερομένων, ἀναμένεται δὲ ὅτι αἱ διαπραγματεύσεις θὰ ὁλοκληρωθοῦν συντόμως. Ὁ ἁρμόδιος ὑπουργὸς ἐδήλωσεν ὅτι ἡ κατάστασις παρακολουθεῖται στενῶς καὶ ὅτι τὸ ζήτημα θὰ τεθῇ ἐνώπιον τοῦ ὑπουργικοῦ συμβουλίου.

ΚΑΙ ΑΛΛΟΙ ΤΡΕΙΣ
ΕΜΕΙΟΝΘΗΣΑΝ ΟΙ ΔΗΜΙΟΙ ΚΑΙ ΑΙ ΚΟΙΝΟΤΗΤΕΣ ΕΙΣ ΤΗΝ ΝΟΡΒΗΓΙΑΝ

ΑΘΗΝΑΙ, 2. — Συνεχίζεται ἡ συζήτησις ἐπὶ τοῦ θέματος, κατὰ τὰς πληροφορίας τῶν ἁρμοδίων κύκλων. Ὡς ἀνεκοινώθη χθές, αἱ σχετικαὶ ἀποφάσεις θὰ ληφθοῦν ἐντὸς τῶν προσεχῶν ἡμερῶν, ἐνῶ ἡ κυβέρνησις ἐξετάζει τὰ μέτρα τὰ ὁποῖα πρέπει νὰ ληφθοῦν. Αἱ συνεννοήσεις συνεχίζονται μετὰ τῶν ἐνδιαφερομένων, ἀναμένεται δὲ ὅτι αἱ διαπραγματεύσεις θὰ ὁλοκληρωθοῦν συντόμως. Ὁ ἁρμόδιος ὑπουργὸς ἐδήλωσεν ὅτι ἡ κατάστασις παρακολουθεῖται στενῶς καὶ ὅτι τὸ ζήτημα θὰ τεθῇ ἐνώπιον τοῦ ὑπουργικοῦ συμβουλίου.

ΜΕΤΑΦΟΡΑ ΑΣΘΕΝΟΥΣ ΔΙ ΕΛΙΚΟΠΤΕΡΟΥ

ΑΘΗΝΑΙ, 2. — Συνεχίζεται ἡ συζήτησις ἐπὶ τοῦ θέματος, κατὰ τὰς πληροφορίας τῶν ἁρμοδίων κύκλων. Ὡς ἀνεκοινώθη χθές, αἱ σχετικαὶ ἀποφάσεις θὰ ληφθοῦν ἐντὸς τῶν προσεχῶν ἡμερῶν, ἐνῶ ἡ κυβέρνησις ἐξετάζει τὰ μέτρα τὰ ὁποῖα πρέπει νὰ ληφθοῦν. Αἱ συνεννοήσεις συνεχίζονται μετὰ τῶν ἐνδιαφερομένων, ἀναμένεται δὲ ὅτι αἱ διαπραγματεύσεις θὰ ὁλοκληρωθοῦν συντόμως. Ὁ ἁρμόδιος ὑπουργὸς ἐδήλωσεν ὅτι ἡ κατάστασις παρακολουθεῖται στενῶς καὶ ὅτι τὸ ζήτημα θὰ τεθῇ ἐνώπιον τοῦ ὑπουργικοῦ συμβουλίου.

ΑΡΧΙΖΕΙ ΣΗΜΕΡΟΝ ΕΙΣ ΤΗΝ ΘΕΣΣΑΛΟΝΙΚΗΝ Ο ΤΡΙΗΜΕΡΟΣ ΕΟΡΤΑΣΜΟΣ ΤΩΝ ΘΕΟΦΑΝΕΙΩΝ

ΑΘΗΝΑΙ, 2. — Συνεχίζεται ἡ συζήτησις ἐπὶ τοῦ θέματος, κατὰ τὰς πληροφορίας τῶν ἁρμοδίων κύκλων. Ὡς ἀνεκοινώθη χθές, αἱ σχετικαὶ ἀποφάσεις θὰ ληφθοῦν ἐντὸς τῶν προσεχῶν ἡμερῶν, ἐνῶ ἡ κυβέρνησις ἐξετάζει τὰ μέτρα τὰ ὁποῖα πρέπει νὰ ληφθοῦν. Αἱ συνεννοήσεις συνεχίζονται μετὰ τῶν ἐνδιαφερομένων, ἀναμένεται δὲ ὅτι αἱ διαπραγματεύσεις θὰ ὁλοκληρωθοῦν συντόμως. Ὁ ἁρμόδιος ὑπουργὸς ἐδήλωσεν ὅτι ἡ κατάστασις παρακολουθεῖται στενῶς καὶ ὅτι τὸ ζήτημα θὰ τεθῇ ἐνώπιον τοῦ ὑπουργικοῦ συμβουλίου.

ΑΘΗΝΑΙ, 2. — Συνεχίζεται ἡ συζήτησις ἐπὶ τοῦ θέματος, κατὰ τὰς πληροφορίας τῶν ἁρμοδίων κύκλων. Ὡς ἀνεκοινώθη χθές, αἱ σχετικαὶ ἀποφάσεις θὰ ληφθοῦν ἐντὸς τῶν προσεχῶν ἡμερῶν, ἐνῶ ἡ κυβέρνησις ἐξετάζει τὰ μέτρα τὰ ὁποῖα πρέπει νὰ ληφθοῦν. Αἱ συνεννοήσεις συνεχίζονται μετὰ τῶν ἐνδιαφερομένων, ἀναμένεται δὲ ὅτι αἱ διαπραγματεύσεις θὰ ὁλοκληρωθοῦν συντόμως. Ὁ ἁρμόδιος ὑπουργὸς ἐδήλωσεν ὅτι ἡ κατάστασις παρακολουθεῖται στενῶς καὶ ὅτι τὸ ζήτημα θὰ τεθῇ ἐνώπιον τοῦ ὑπουργικοῦ συμβουλίου.

ΟΙ ΣΥΝΤΑΞΙΟΥΧΟΙ ΤΕΒΕ ΖΗΤΟΥΝ ΑΝΤΙΚΑΤΑΣΤΑΣΙΝ ΤΗΣ ΔΙΟΙΚΗΣΕΩΣ ΑΥΤΟΥ

ΑΘΗΝΑΙ, 2. — Συνεχίζεται ἡ συζήτησις ἐπὶ τοῦ θέματος, κατὰ τὰς πληροφορίας τῶν ἁρμοδίων κύκλων. Ὡς ἀνεκοινώθη χθές, αἱ σχετικαὶ ἀποφάσεις θὰ ληφθοῦν ἐντὸς τῶν προσεχῶν ἡμερῶν, ἐνῶ ἡ κυβέρνησις ἐξετάζει τὰ μέτρα τὰ ὁποῖα πρέπει νὰ ληφθοῦν. Αἱ συνεννοήσεις συνεχίζονται μετὰ τῶν ἐνδιαφερομένων, ἀναμένεται δὲ ὅτι αἱ διαπραγματεύσεις θὰ ὁλοκληρωθοῦν συντόμως. Ὁ ἁρμόδιος ὑπουργὸς ἐδήλωσεν ὅτι ἡ κατάστασις παρακολουθεῖται στενῶς καὶ ὅτι τὸ ζήτημα θὰ τεθῇ ἐνώπιον τοῦ ὑπουργικοῦ συμβουλίου.

ΝΕΟΣ ΠΡΕΣΒΥΣ ΤΗΣ ΚΕΝΥΑ ΕΙΣ ΤΗΝ ΡΩΣΣΙΑΝ

ΑΘΗΝΑΙ, 2. — Συνεχίζεται ἡ συζήτησις ἐπὶ τοῦ θέματος, κατὰ τὰς πληροφορίας τῶν ἁρμοδίων κύκλων. Ὡς ἀνεκοινώθη χθές, αἱ σχετικαὶ ἀποφάσεις θὰ ληφθοῦν ἐντὸς τῶν προσεχῶν ἡμερῶν, ἐνῶ ἡ κυβέρνησις ἐξετάζει τὰ μέτρα τὰ ὁποῖα πρέπει νὰ ληφθοῦν. Αἱ συνεννοήσεις συνεχίζονται μετὰ τῶν ἐνδιαφερομένων, ἀναμένεται δὲ ὅτι αἱ διαπραγματεύσεις θὰ ὁλοκληρωθοῦν συντόμως. Ὁ ἁρμόδιος ὑπουργὸς ἐδήλωσεν ὅτι ἡ κατάστασις παρακολουθεῖται στενῶς καὶ ὅτι τὸ ζήτημα θὰ τεθῇ ἐνώπιον τοῦ ὑπουργικοῦ συμβουλίου.

ΜΕΤΑΘΕΣΕΙΣ ΠΡΩΤΟΔΙΚΩΝ

ΑΘΗΝΑΙ, 2. — Συνεχίζεται ἡ συζήτησις ἐπὶ τοῦ θέματος, κατὰ τὰς πληροφορίας τῶν ἁρμοδίων κύκλων. Ὡς ἀνεκοινώθη χθές, αἱ σχετικαὶ ἀποφάσεις θὰ ληφθοῦν ἐντὸς τῶν προσεχῶν ἡμερῶν, ἐνῶ ἡ κυβέρνησις ἐξετάζει τὰ μέτρα τὰ ὁποῖα πρέπει νὰ ληφθοῦν. Αἱ συνεννοήσεις συνεχίζονται μετὰ τῶν ἐνδιαφερομένων, ἀναμένεται δὲ ὅτι αἱ διαπραγματεύσεις θὰ ὁλοκληρωθοῦν συντόμως. Ὁ ἁρμόδιος ὑπουργὸς ἐδήλωσεν ὅτι ἡ κατάστασις παρακολουθεῖται στενῶς καὶ ὅτι τὸ ζήτημα θὰ τεθῇ ἐνώπιον τοῦ ὑπουργικοῦ συμβουλίου.

ΣΥΝΕΠΕΙΑ ΚΑΙΡΙΩΝ ΑΔΥΝΑΜΙΩΝ
Αἱ Ἡν. Πολιτεῖαι ἀναθεωροῦν τὸν ὀργανισμὸν βοηθείας πρὸς τὴν Λατινικὴν Ἀμερικὴν
ΕΠΙΔΙΩΚΟΥΝ ΝΑ ΕΚΔΗΜΟΚΡΑΤΗΣΟΥΝ ΤΑΣ ΔΕΞΙΑΣ ΔΙΚΤΑΤΟΡΙΑΣ, ΤΑ ΑΡΙΣΤΕΡΙΖΟΝΤΑ ΚΑΘΕΣΤΩΤΑ ΚΑΙ ΤΑΣ ΑΛΛΑΣ ΟΛΙΓΑΡΧΙΑΣ

ΑΘΗΝΑΙ, 2. — Συνεχίζεται ἡ συζήτησις ἐπὶ τοῦ θέματος, κατὰ τὰς πληροφορίας τῶν ἁρμοδίων κύκλων. Ὡς ἀνεκοινώθη χθές, αἱ σχετικαὶ ἀποφάσεις θὰ ληφθοῦν ἐντὸς τῶν προσεχῶν ἡμερῶν, ἐνῶ ἡ κυβέρνησις ἐξετάζει τὰ μέτρα τὰ ὁποῖα πρέπει νὰ ληφθοῦν. Αἱ συνεννοήσεις συνεχίζονται μετὰ τῶν ἐνδιαφερομένων, ἀναμένεται δὲ ὅτι αἱ διαπραγματεύσεις θὰ ὁλοκληρωθοῦν συντόμως. Ὁ ἁρμόδιος ὑπουργὸς ἐδήλωσεν ὅτι ἡ κατάστασις παρακολουθεῖται στενῶς καὶ ὅτι τὸ ζήτημα θὰ τεθῇ ἐνώπιον τοῦ ὑπουργικοῦ συμβουλίου.

ΑΘΗΝΑΙ, 2. — Συνεχίζεται ἡ συζήτησις ἐπὶ τοῦ θέματος, κατὰ τὰς πληροφορίας τῶν ἁρμοδίων κύκλων. Ὡς ἀνεκοινώθη χθές, αἱ σχετικαὶ ἀποφάσεις θὰ ληφθοῦν ἐντὸς τῶν προσεχῶν ἡμερῶν, ἐνῶ ἡ κυβέρνησις ἐξετάζει τὰ μέτρα τὰ ὁποῖα πρέπει νὰ ληφθοῦν. Αἱ συνεννοήσεις συνεχίζονται μετὰ τῶν ἐνδιαφερομένων, ἀναμένεται δὲ ὅτι αἱ διαπραγματεύσεις θὰ ὁλοκληρωθοῦν συντόμως. Ὁ ἁρμόδιος ὑπουργὸς ἐδήλωσεν ὅτι ἡ κατάστασις παρακολουθεῖται στενῶς καὶ ὅτι τὸ ζήτημα θὰ τεθῇ ἐνώπιον τοῦ ὑπουργικοῦ συμβουλίου.

ΑΘΗΝΑΙ, 2. — Συνεχίζεται ἡ συζήτησις ἐπὶ τοῦ θέματος, κατὰ τὰς πληροφορίας τῶν ἁρμοδίων κύκλων. Ὡς ἀνεκοινώθη χθές, αἱ σχετικαὶ ἀποφάσεις θὰ ληφθοῦν ἐντὸς τῶν προσεχῶν ἡμερῶν, ἐνῶ ἡ κυβέρνησις ἐξετάζει τὰ μέτρα τὰ ὁποῖα πρέπει νὰ ληφθοῦν. Αἱ συνεννοήσεις συνεχίζονται μετὰ τῶν ἐνδιαφερομένων, ἀναμένεται δὲ ὅτι αἱ διαπραγματεύσεις θὰ ὁλοκληρωθοῦν συντόμως. Ὁ ἁρμόδιος ὑπουργὸς ἐδήλωσεν ὅτι ἡ κατάστασις παρακολουθεῖται στενῶς καὶ ὅτι τὸ ζήτημα θὰ τεθῇ ἐνώπιον τοῦ ὑπουργικοῦ συμβουλίου.

ΑΝΕΞΑΡΤΗΤΟΙ ΟΡΓΑΝΙΣΜΟΙ

ΑΘΗΝΑΙ, 2. — Συνεχίζεται ἡ συζήτησις ἐπὶ τοῦ θέματος, κατὰ τὰς πληροφορίας τῶν ἁρμοδίων κύκλων. Ὡς ἀνεκοινώθη χθές, αἱ σχετικαὶ ἀποφάσεις θὰ ληφθοῦν ἐντὸς τῶν προσεχῶν ἡμερῶν, ἐνῶ ἡ κυβέρνησις ἐξετάζει τὰ μέτρα τὰ ὁποῖα πρέπει νὰ ληφθοῦν. Αἱ συνεννοήσεις συνεχίζονται μετὰ τῶν ἐνδιαφερομένων, ἀναμένεται δὲ ὅτι αἱ διαπραγματεύσεις θὰ ὁλοκληρωθοῦν συντόμως. Ὁ ἁρμόδιος ὑπουργὸς ἐδήλωσεν ὅτι ἡ κατάστασις παρακολουθεῖται στενῶς καὶ ὅτι τὸ ζήτημα θὰ τεθῇ ἐνώπιον τοῦ ὑπουργικοῦ συμβουλίου.

ΝΕΟΣ ΟΡΓΑΝΙΣΜΟΣ

ΑΘΗΝΑΙ, 2. — Συνεχίζεται ἡ συζήτησις ἐπὶ τοῦ θέματος, κατὰ τὰς πληροφορίας τῶν ἁρμοδίων κύκλων. Ὡς ἀνεκοινώθη χθές, αἱ σχετικαὶ ἀποφάσεις θὰ ληφθοῦν ἐντὸς τῶν προσεχῶν ἡμερῶν, ἐνῶ ἡ κυβέρνησις ἐξετάζει τὰ μέτρα τὰ ὁποῖα πρέπει νὰ ληφθοῦν. Αἱ συνεννοήσεις συνεχίζονται μετὰ τῶν ἐνδιαφερομένων, ἀναμένεται δὲ ὅτι αἱ διαπραγματεύσεις θὰ ὁλοκληρωθοῦν συντόμως. Ὁ ἁρμόδιος ὑπουργὸς ἐδήλωσεν ὅτι ἡ κατάστασις παρακολουθεῖται στενῶς καὶ ὅτι τὸ ζήτημα θὰ τεθῇ ἐνώπιον τοῦ ὑπουργικοῦ συμβουλίου.

ΑΘΗΝΑΙ, 2. — Συνεχίζεται ἡ συζήτησις ἐπὶ τοῦ θέματος, κατὰ τὰς πληροφορίας τῶν ἁρμοδίων κύκλων. Ὡς ἀνεκοινώθη χθές, αἱ σχετικαὶ ἀποφάσεις θὰ ληφθοῦν ἐντὸς τῶν προσεχῶν ἡμερῶν, ἐνῶ ἡ κυβέρνησις ἐξετάζει τὰ μέτρα τὰ ὁποῖα πρέπει νὰ ληφθοῦν. Αἱ συνεννοήσεις συνεχίζονται μετὰ τῶν ἐνδιαφερομένων, ἀναμένεται δὲ ὅτι αἱ διαπραγματεύσεις θὰ ὁλοκληρωθοῦν συντόμως. Ὁ ἁρμόδιος ὑπουργὸς ἐδήλωσεν ὅτι ἡ κατάστασις παρακολουθεῖται στενῶς καὶ ὅτι τὸ ζήτημα θὰ τεθῇ ἐνώπιον τοῦ ὑπουργικοῦ συμβουλίου.

ΤΑ ΑΡΙΣΤΕΡΙΖΟΝΤΑ

ΑΘΗΝΑΙ, 2. — Συνεχίζεται ἡ συζήτησις ἐπὶ τοῦ θέματος, κατὰ τὰς πληροφορίας τῶν ἁρμοδίων κύκλων. Ὡς ἀνεκοινώθη χθές, αἱ σχετικαὶ ἀποφάσεις θὰ ληφθοῦν ἐντὸς τῶν προσεχῶν ἡμερῶν, ἐνῶ ἡ κυβέρνησις ἐξετάζει τὰ μέτρα τὰ ὁποῖα πρέπει νὰ ληφθοῦν. Αἱ συνεννοήσεις συνεχίζονται μετὰ τῶν ἐνδιαφερομένων, ἀναμένεται δὲ ὅτι αἱ διαπραγματεύσεις θὰ ὁλοκληρωθοῦν συντόμως. Ὁ ἁρμόδιος ὑπουργὸς ἐδήλωσεν ὅτι ἡ κατάστασις παρακολουθεῖται στενῶς καὶ ὅτι τὸ ζήτημα θὰ τεθῇ ἐνώπιον τοῦ ὑπουργικοῦ συμβουλίου.

ΑΘΗΝΑΙ, 2. — Συνεχίζεται ἡ συζήτησις ἐπὶ τοῦ θέματος, κατὰ τὰς πληροφορίας τῶν ἁρμοδίων κύκλων. Ὡς ἀνεκοινώθη χθές, αἱ σχετικαὶ ἀποφάσεις θὰ ληφθοῦν ἐντὸς τῶν προσεχῶν ἡμερῶν, ἐνῶ ἡ κυβέρνησις ἐξετάζει τὰ μέτρα τὰ ὁποῖα πρέπει νὰ ληφθοῦν. Αἱ συνεννοήσεις συνεχίζονται μετὰ τῶν ἐνδιαφερομένων, ἀναμένεται δὲ ὅτι αἱ διαπραγματεύσεις θὰ ὁλοκληρωθοῦν συντόμως. Ὁ ἁρμόδιος ὑπουργὸς ἐδήλωσεν ὅτι ἡ κατάστασις παρακολουθεῖται στενῶς καὶ ὅτι τὸ ζήτημα θὰ τεθῇ ἐνώπιον τοῦ ὑπουργικοῦ συμβουλίου.

ΝΕΑΙ ΣΥΛΛΗΨΕΙΣ ΕΙΣ ΤΟ ΑΝΤΕΝ

ΑΘΗΝΑΙ, 2. — Συνεχίζεται ἡ συζήτησις ἐπὶ τοῦ θέματος, κατὰ τὰς πληροφορίας τῶν ἁρμοδίων κύκλων. Ὡς ἀνεκοινώθη χθές, αἱ σχετικαὶ ἀποφάσεις θὰ ληφθοῦν ἐντὸς τῶν προσεχῶν ἡμερῶν, ἐνῶ ἡ κυβέρνησις ἐξετάζει τὰ μέτρα τὰ ὁποῖα πρέπει νὰ ληφθοῦν. Αἱ συνεννοήσεις συνεχίζονται μετὰ τῶν ἐνδιαφερομένων, ἀναμένεται δὲ ὅτι αἱ διαπραγματεύσεις θὰ ὁλοκληρωθοῦν συντόμως. Ὁ ἁρμόδιος ὑπουργὸς ἐδήλωσεν ὅτι ἡ κατάστασις παρακολουθεῖται στενῶς καὶ ὅτι τὸ ζήτημα θὰ τεθῇ ἐνώπιον τοῦ ὑπουργικοῦ συμβουλίου.
